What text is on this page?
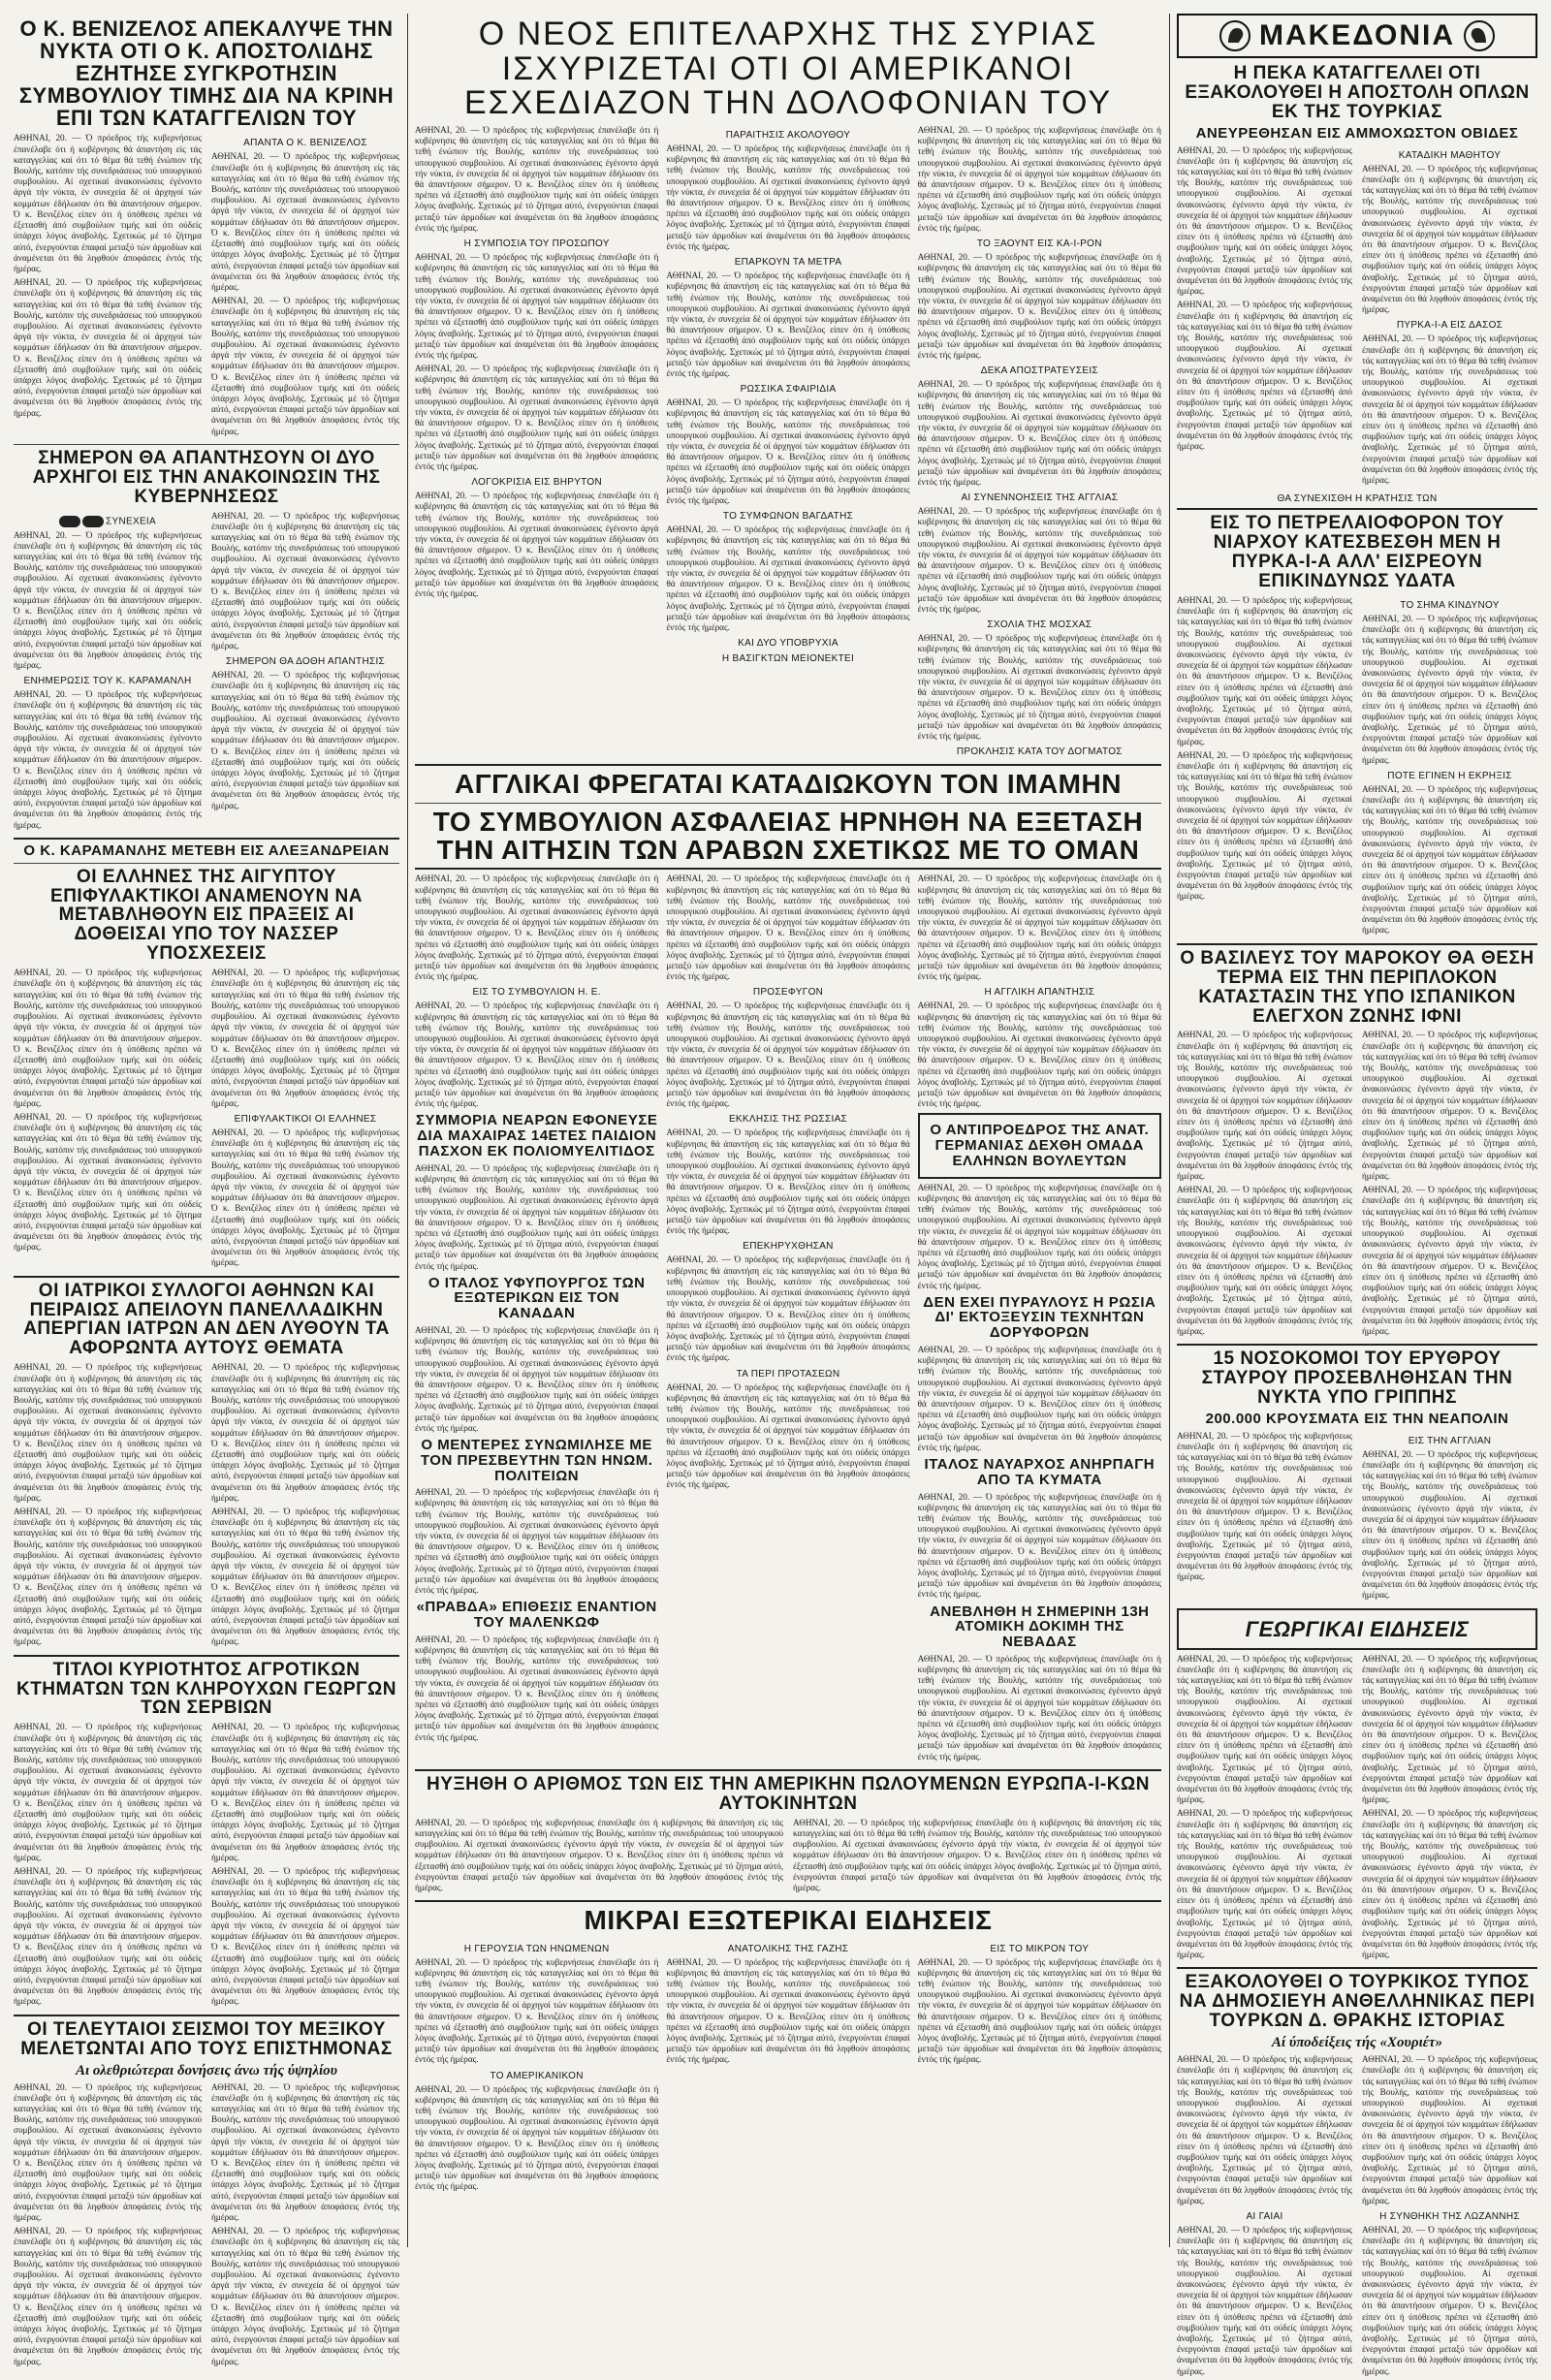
Ο Κ. ΒΕΝΙΖΕΛΟΣ ΑΠΕΚΑΛΥΨΕ ΤΗΝ ΝΥΚΤΑ ΟΤΙ Ο Κ. ΑΠΟΣΤΟΛΙΔΗΣ ΕΖΗΤΗΣΕ ΣΥΓΚΡΟΤΗΣΙΝ ΣΥΜΒΟΥΛΙΟΥ ΤΙΜΗΣ ΔΙΑ ΝΑ ΚΡΙΝΗ ΕΠΙ ΤΩΝ ΚΑΤΑΓΓΕΛΙΩΝ ΤΟΥ

ΑΘΗΝΑΙ, 20. — Ό πρόεδρος τής κυβερνήσεως έπανέλαβε ότι ή κυβέρνησις θά άπαντήση είς τάς καταγγελίας καί ότι τό θέμα θά τεθή ένώπιον τής Βουλής, κατόπιν τής συνεδριάσεως τού υπουργικού συμβουλίου. Αί σχετικαί άνακοινώσεις έγένοντο άργά τήν νύκτα, έν συνεχεία δέ οί άρχηγοί τών κομμάτων έδήλωσαν ότι θά άπαντήσουν σήμερον. Ό κ. Βενιζέλος είπεν ότι ή ύπόθεσις πρέπει νά έξετασθή άπό συμβούλιον τιμής καί ότι ούδείς ύπάρχει λόγος άναβολής. Σχετικώς μέ τό ζήτημα αύτό, ένεργούνται έπαφαί μεταξύ τών άρμοδίων καί άναμένεται ότι θά ληφθούν άποφάσεις έντός τής ήμέρας.

ΑΘΗΝΑΙ, 20. — Ό πρόεδρος τής κυβερνήσεως έπανέλαβε ότι ή κυβέρνησις θά άπαντήση είς τάς καταγγελίας καί ότι τό θέμα θά τεθή ένώπιον τής Βουλής, κατόπιν τής συνεδριάσεως τού υπουργικού συμβουλίου. Αί σχετικαί άνακοινώσεις έγένοντο άργά τήν νύκτα, έν συνεχεία δέ οί άρχηγοί τών κομμάτων έδήλωσαν ότι θά άπαντήσουν σήμερον. Ό κ. Βενιζέλος είπεν ότι ή ύπόθεσις πρέπει νά έξετασθή άπό συμβούλιον τιμής καί ότι ούδείς ύπάρχει λόγος άναβολής. Σχετικώς μέ τό ζήτημα αύτό, ένεργούνται έπαφαί μεταξύ τών άρμοδίων καί άναμένεται ότι θά ληφθούν άποφάσεις έντός τής ήμέρας.

ΑΠΑΝΤΑ Ο Κ. ΒΕΝΙΖΕΛΟΣ

ΑΘΗΝΑΙ, 20. — Ό πρόεδρος τής κυβερνήσεως έπανέλαβε ότι ή κυβέρνησις θά άπαντήση είς τάς καταγγελίας καί ότι τό θέμα θά τεθή ένώπιον τής Βουλής, κατόπιν τής συνεδριάσεως τού υπουργικού συμβουλίου. Αί σχετικαί άνακοινώσεις έγένοντο άργά τήν νύκτα, έν συνεχεία δέ οί άρχηγοί τών κομμάτων έδήλωσαν ότι θά άπαντήσουν σήμερον. Ό κ. Βενιζέλος είπεν ότι ή ύπόθεσις πρέπει νά έξετασθή άπό συμβούλιον τιμής καί ότι ούδείς ύπάρχει λόγος άναβολής. Σχετικώς μέ τό ζήτημα αύτό, ένεργούνται έπαφαί μεταξύ τών άρμοδίων καί άναμένεται ότι θά ληφθούν άποφάσεις έντός τής ήμέρας.

ΑΘΗΝΑΙ, 20. — Ό πρόεδρος τής κυβερνήσεως έπανέλαβε ότι ή κυβέρνησις θά άπαντήση είς τάς καταγγελίας καί ότι τό θέμα θά τεθή ένώπιον τής Βουλής, κατόπιν τής συνεδριάσεως τού υπουργικού συμβουλίου. Αί σχετικαί άνακοινώσεις έγένοντο άργά τήν νύκτα, έν συνεχεία δέ οί άρχηγοί τών κομμάτων έδήλωσαν ότι θά άπαντήσουν σήμερον. Ό κ. Βενιζέλος είπεν ότι ή ύπόθεσις πρέπει νά έξετασθή άπό συμβούλιον τιμής καί ότι ούδείς ύπάρχει λόγος άναβολής. Σχετικώς μέ τό ζήτημα αύτό, ένεργούνται έπαφαί μεταξύ τών άρμοδίων καί άναμένεται ότι θά ληφθούν άποφάσεις έντός τής ήμέρας.

ΣΗΜΕΡΟΝ ΘΑ ΑΠΑΝΤΗΣΟΥΝ ΟΙ ΔΥΟ ΑΡΧΗΓΟΙ ΕΙΣ ΤΗΝ ΑΝΑΚΟΙΝΩΣΙΝ ΤΗΣ ΚΥΒΕΡΝΗΣΕΩΣ
ΣΥΝΕΧΕΙΑ

ΑΘΗΝΑΙ, 20. — Ό πρόεδρος τής κυβερνήσεως έπανέλαβε ότι ή κυβέρνησις θά άπαντήση είς τάς καταγγελίας καί ότι τό θέμα θά τεθή ένώπιον τής Βουλής, κατόπιν τής συνεδριάσεως τού υπουργικού συμβουλίου. Αί σχετικαί άνακοινώσεις έγένοντο άργά τήν νύκτα, έν συνεχεία δέ οί άρχηγοί τών κομμάτων έδήλωσαν ότι θά άπαντήσουν σήμερον. Ό κ. Βενιζέλος είπεν ότι ή ύπόθεσις πρέπει νά έξετασθή άπό συμβούλιον τιμής καί ότι ούδείς ύπάρχει λόγος άναβολής. Σχετικώς μέ τό ζήτημα αύτό, ένεργούνται έπαφαί μεταξύ τών άρμοδίων καί άναμένεται ότι θά ληφθούν άποφάσεις έντός τής ήμέρας.

ΕΝΗΜΕΡΩΣΙΣ ΤΟΥ Κ. ΚΑΡΑΜΑΝΛΗ

ΑΘΗΝΑΙ, 20. — Ό πρόεδρος τής κυβερνήσεως έπανέλαβε ότι ή κυβέρνησις θά άπαντήση είς τάς καταγγελίας καί ότι τό θέμα θά τεθή ένώπιον τής Βουλής, κατόπιν τής συνεδριάσεως τού υπουργικού συμβουλίου. Αί σχετικαί άνακοινώσεις έγένοντο άργά τήν νύκτα, έν συνεχεία δέ οί άρχηγοί τών κομμάτων έδήλωσαν ότι θά άπαντήσουν σήμερον. Ό κ. Βενιζέλος είπεν ότι ή ύπόθεσις πρέπει νά έξετασθή άπό συμβούλιον τιμής καί ότι ούδείς ύπάρχει λόγος άναβολής. Σχετικώς μέ τό ζήτημα αύτό, ένεργούνται έπαφαί μεταξύ τών άρμοδίων καί άναμένεται ότι θά ληφθούν άποφάσεις έντός τής ήμέρας.

ΑΘΗΝΑΙ, 20. — Ό πρόεδρος τής κυβερνήσεως έπανέλαβε ότι ή κυβέρνησις θά άπαντήση είς τάς καταγγελίας καί ότι τό θέμα θά τεθή ένώπιον τής Βουλής, κατόπιν τής συνεδριάσεως τού υπουργικού συμβουλίου. Αί σχετικαί άνακοινώσεις έγένοντο άργά τήν νύκτα, έν συνεχεία δέ οί άρχηγοί τών κομμάτων έδήλωσαν ότι θά άπαντήσουν σήμερον. Ό κ. Βενιζέλος είπεν ότι ή ύπόθεσις πρέπει νά έξετασθή άπό συμβούλιον τιμής καί ότι ούδείς ύπάρχει λόγος άναβολής. Σχετικώς μέ τό ζήτημα αύτό, ένεργούνται έπαφαί μεταξύ τών άρμοδίων καί άναμένεται ότι θά ληφθούν άποφάσεις έντός τής ήμέρας.

ΣΗΜΕΡΟΝ ΘΑ ΔΟΘΗ ΑΠΑΝΤΗΣΙΣ

ΑΘΗΝΑΙ, 20. — Ό πρόεδρος τής κυβερνήσεως έπανέλαβε ότι ή κυβέρνησις θά άπαντήση είς τάς καταγγελίας καί ότι τό θέμα θά τεθή ένώπιον τής Βουλής, κατόπιν τής συνεδριάσεως τού υπουργικού συμβουλίου. Αί σχετικαί άνακοινώσεις έγένοντο άργά τήν νύκτα, έν συνεχεία δέ οί άρχηγοί τών κομμάτων έδήλωσαν ότι θά άπαντήσουν σήμερον. Ό κ. Βενιζέλος είπεν ότι ή ύπόθεσις πρέπει νά έξετασθή άπό συμβούλιον τιμής καί ότι ούδείς ύπάρχει λόγος άναβολής. Σχετικώς μέ τό ζήτημα αύτό, ένεργούνται έπαφαί μεταξύ τών άρμοδίων καί άναμένεται ότι θά ληφθούν άποφάσεις έντός τής ήμέρας.

Ο Κ. ΚΑΡΑΜΑΝΛΗΣ ΜΕΤΕΒΗ ΕΙΣ ΑΛΕΞΑΝΔΡΕΙΑΝ
ΟΙ ΕΛΛΗΝΕΣ ΤΗΣ ΑΙΓΥΠΤΟΥ ΕΠΙΦΥΛΑΚΤΙΚΟΙ ΑΝΑΜΕΝΟΥΝ ΝΑ ΜΕΤΑΒΛΗΘΟΥΝ ΕΙΣ ΠΡΑΞΕΙΣ ΑΙ ΔΟΘΕΙΣΑΙ ΥΠΟ ΤΟΥ ΝΑΣΣΕΡ ΥΠΟΣΧΕΣΕΙΣ

ΑΘΗΝΑΙ, 20. — Ό πρόεδρος τής κυβερνήσεως έπανέλαβε ότι ή κυβέρνησις θά άπαντήση είς τάς καταγγελίας καί ότι τό θέμα θά τεθή ένώπιον τής Βουλής, κατόπιν τής συνεδριάσεως τού υπουργικού συμβουλίου. Αί σχετικαί άνακοινώσεις έγένοντο άργά τήν νύκτα, έν συνεχεία δέ οί άρχηγοί τών κομμάτων έδήλωσαν ότι θά άπαντήσουν σήμερον. Ό κ. Βενιζέλος είπεν ότι ή ύπόθεσις πρέπει νά έξετασθή άπό συμβούλιον τιμής καί ότι ούδείς ύπάρχει λόγος άναβολής. Σχετικώς μέ τό ζήτημα αύτό, ένεργούνται έπαφαί μεταξύ τών άρμοδίων καί άναμένεται ότι θά ληφθούν άποφάσεις έντός τής ήμέρας.

ΑΘΗΝΑΙ, 20. — Ό πρόεδρος τής κυβερνήσεως έπανέλαβε ότι ή κυβέρνησις θά άπαντήση είς τάς καταγγελίας καί ότι τό θέμα θά τεθή ένώπιον τής Βουλής, κατόπιν τής συνεδριάσεως τού υπουργικού συμβουλίου. Αί σχετικαί άνακοινώσεις έγένοντο άργά τήν νύκτα, έν συνεχεία δέ οί άρχηγοί τών κομμάτων έδήλωσαν ότι θά άπαντήσουν σήμερον. Ό κ. Βενιζέλος είπεν ότι ή ύπόθεσις πρέπει νά έξετασθή άπό συμβούλιον τιμής καί ότι ούδείς ύπάρχει λόγος άναβολής. Σχετικώς μέ τό ζήτημα αύτό, ένεργούνται έπαφαί μεταξύ τών άρμοδίων καί άναμένεται ότι θά ληφθούν άποφάσεις έντός τής ήμέρας.

ΑΘΗΝΑΙ, 20. — Ό πρόεδρος τής κυβερνήσεως έπανέλαβε ότι ή κυβέρνησις θά άπαντήση είς τάς καταγγελίας καί ότι τό θέμα θά τεθή ένώπιον τής Βουλής, κατόπιν τής συνεδριάσεως τού υπουργικού συμβουλίου. Αί σχετικαί άνακοινώσεις έγένοντο άργά τήν νύκτα, έν συνεχεία δέ οί άρχηγοί τών κομμάτων έδήλωσαν ότι θά άπαντήσουν σήμερον. Ό κ. Βενιζέλος είπεν ότι ή ύπόθεσις πρέπει νά έξετασθή άπό συμβούλιον τιμής καί ότι ούδείς ύπάρχει λόγος άναβολής. Σχετικώς μέ τό ζήτημα αύτό, ένεργούνται έπαφαί μεταξύ τών άρμοδίων καί άναμένεται ότι θά ληφθούν άποφάσεις έντός τής ήμέρας.

ΕΠΙΦΥΛΑΚΤΙΚΟΙ ΟΙ ΕΛΛΗΝΕΣ

ΑΘΗΝΑΙ, 20. — Ό πρόεδρος τής κυβερνήσεως έπανέλαβε ότι ή κυβέρνησις θά άπαντήση είς τάς καταγγελίας καί ότι τό θέμα θά τεθή ένώπιον τής Βουλής, κατόπιν τής συνεδριάσεως τού υπουργικού συμβουλίου. Αί σχετικαί άνακοινώσεις έγένοντο άργά τήν νύκτα, έν συνεχεία δέ οί άρχηγοί τών κομμάτων έδήλωσαν ότι θά άπαντήσουν σήμερον. Ό κ. Βενιζέλος είπεν ότι ή ύπόθεσις πρέπει νά έξετασθή άπό συμβούλιον τιμής καί ότι ούδείς ύπάρχει λόγος άναβολής. Σχετικώς μέ τό ζήτημα αύτό, ένεργούνται έπαφαί μεταξύ τών άρμοδίων καί άναμένεται ότι θά ληφθούν άποφάσεις έντός τής ήμέρας.

ΟΙ ΙΑΤΡΙΚΟΙ ΣΥΛΛΟΓΟΙ ΑΘΗΝΩΝ ΚΑΙ ΠΕΙΡΑΙΩΣ ΑΠΕΙΛΟΥΝ ΠΑΝΕΛΛΑΔΙΚΗΝ ΑΠΕΡΓΙΑΝ ΙΑΤΡΩΝ ΑΝ ΔΕΝ ΛΥΘΟΥΝ ΤΑ ΑΦΟΡΩΝΤΑ ΑΥΤΟΥΣ ΘΕΜΑΤΑ

ΑΘΗΝΑΙ, 20. — Ό πρόεδρος τής κυβερνήσεως έπανέλαβε ότι ή κυβέρνησις θά άπαντήση είς τάς καταγγελίας καί ότι τό θέμα θά τεθή ένώπιον τής Βουλής, κατόπιν τής συνεδριάσεως τού υπουργικού συμβουλίου. Αί σχετικαί άνακοινώσεις έγένοντο άργά τήν νύκτα, έν συνεχεία δέ οί άρχηγοί τών κομμάτων έδήλωσαν ότι θά άπαντήσουν σήμερον. Ό κ. Βενιζέλος είπεν ότι ή ύπόθεσις πρέπει νά έξετασθή άπό συμβούλιον τιμής καί ότι ούδείς ύπάρχει λόγος άναβολής. Σχετικώς μέ τό ζήτημα αύτό, ένεργούνται έπαφαί μεταξύ τών άρμοδίων καί άναμένεται ότι θά ληφθούν άποφάσεις έντός τής ήμέρας.

ΑΘΗΝΑΙ, 20. — Ό πρόεδρος τής κυβερνήσεως έπανέλαβε ότι ή κυβέρνησις θά άπαντήση είς τάς καταγγελίας καί ότι τό θέμα θά τεθή ένώπιον τής Βουλής, κατόπιν τής συνεδριάσεως τού υπουργικού συμβουλίου. Αί σχετικαί άνακοινώσεις έγένοντο άργά τήν νύκτα, έν συνεχεία δέ οί άρχηγοί τών κομμάτων έδήλωσαν ότι θά άπαντήσουν σήμερον. Ό κ. Βενιζέλος είπεν ότι ή ύπόθεσις πρέπει νά έξετασθή άπό συμβούλιον τιμής καί ότι ούδείς ύπάρχει λόγος άναβολής. Σχετικώς μέ τό ζήτημα αύτό, ένεργούνται έπαφαί μεταξύ τών άρμοδίων καί άναμένεται ότι θά ληφθούν άποφάσεις έντός τής ήμέρας.

ΑΘΗΝΑΙ, 20. — Ό πρόεδρος τής κυβερνήσεως έπανέλαβε ότι ή κυβέρνησις θά άπαντήση είς τάς καταγγελίας καί ότι τό θέμα θά τεθή ένώπιον τής Βουλής, κατόπιν τής συνεδριάσεως τού υπουργικού συμβουλίου. Αί σχετικαί άνακοινώσεις έγένοντο άργά τήν νύκτα, έν συνεχεία δέ οί άρχηγοί τών κομμάτων έδήλωσαν ότι θά άπαντήσουν σήμερον. Ό κ. Βενιζέλος είπεν ότι ή ύπόθεσις πρέπει νά έξετασθή άπό συμβούλιον τιμής καί ότι ούδείς ύπάρχει λόγος άναβολής. Σχετικώς μέ τό ζήτημα αύτό, ένεργούνται έπαφαί μεταξύ τών άρμοδίων καί άναμένεται ότι θά ληφθούν άποφάσεις έντός τής ήμέρας.

ΑΘΗΝΑΙ, 20. — Ό πρόεδρος τής κυβερνήσεως έπανέλαβε ότι ή κυβέρνησις θά άπαντήση είς τάς καταγγελίας καί ότι τό θέμα θά τεθή ένώπιον τής Βουλής, κατόπιν τής συνεδριάσεως τού υπουργικού συμβουλίου. Αί σχετικαί άνακοινώσεις έγένοντο άργά τήν νύκτα, έν συνεχεία δέ οί άρχηγοί τών κομμάτων έδήλωσαν ότι θά άπαντήσουν σήμερον. Ό κ. Βενιζέλος είπεν ότι ή ύπόθεσις πρέπει νά έξετασθή άπό συμβούλιον τιμής καί ότι ούδείς ύπάρχει λόγος άναβολής. Σχετικώς μέ τό ζήτημα αύτό, ένεργούνται έπαφαί μεταξύ τών άρμοδίων καί άναμένεται ότι θά ληφθούν άποφάσεις έντός τής ήμέρας.

ΤΙΤΛΟΙ ΚΥΡΙΟΤΗΤΟΣ ΑΓΡΟΤΙΚΩΝ ΚΤΗΜΑΤΩΝ ΤΩΝ ΚΛΗΡΟΥΧΩΝ ΓΕΩΡΓΩΝ ΤΩΝ ΣΕΡΒΙΩΝ

ΑΘΗΝΑΙ, 20. — Ό πρόεδρος τής κυβερνήσεως έπανέλαβε ότι ή κυβέρνησις θά άπαντήση είς τάς καταγγελίας καί ότι τό θέμα θά τεθή ένώπιον τής Βουλής, κατόπιν τής συνεδριάσεως τού υπουργικού συμβουλίου. Αί σχετικαί άνακοινώσεις έγένοντο άργά τήν νύκτα, έν συνεχεία δέ οί άρχηγοί τών κομμάτων έδήλωσαν ότι θά άπαντήσουν σήμερον. Ό κ. Βενιζέλος είπεν ότι ή ύπόθεσις πρέπει νά έξετασθή άπό συμβούλιον τιμής καί ότι ούδείς ύπάρχει λόγος άναβολής. Σχετικώς μέ τό ζήτημα αύτό, ένεργούνται έπαφαί μεταξύ τών άρμοδίων καί άναμένεται ότι θά ληφθούν άποφάσεις έντός τής ήμέρας.

ΑΘΗΝΑΙ, 20. — Ό πρόεδρος τής κυβερνήσεως έπανέλαβε ότι ή κυβέρνησις θά άπαντήση είς τάς καταγγελίας καί ότι τό θέμα θά τεθή ένώπιον τής Βουλής, κατόπιν τής συνεδριάσεως τού υπουργικού συμβουλίου. Αί σχετικαί άνακοινώσεις έγένοντο άργά τήν νύκτα, έν συνεχεία δέ οί άρχηγοί τών κομμάτων έδήλωσαν ότι θά άπαντήσουν σήμερον. Ό κ. Βενιζέλος είπεν ότι ή ύπόθεσις πρέπει νά έξετασθή άπό συμβούλιον τιμής καί ότι ούδείς ύπάρχει λόγος άναβολής. Σχετικώς μέ τό ζήτημα αύτό, ένεργούνται έπαφαί μεταξύ τών άρμοδίων καί άναμένεται ότι θά ληφθούν άποφάσεις έντός τής ήμέρας.

ΑΘΗΝΑΙ, 20. — Ό πρόεδρος τής κυβερνήσεως έπανέλαβε ότι ή κυβέρνησις θά άπαντήση είς τάς καταγγελίας καί ότι τό θέμα θά τεθή ένώπιον τής Βουλής, κατόπιν τής συνεδριάσεως τού υπουργικού συμβουλίου. Αί σχετικαί άνακοινώσεις έγένοντο άργά τήν νύκτα, έν συνεχεία δέ οί άρχηγοί τών κομμάτων έδήλωσαν ότι θά άπαντήσουν σήμερον. Ό κ. Βενιζέλος είπεν ότι ή ύπόθεσις πρέπει νά έξετασθή άπό συμβούλιον τιμής καί ότι ούδείς ύπάρχει λόγος άναβολής. Σχετικώς μέ τό ζήτημα αύτό, ένεργούνται έπαφαί μεταξύ τών άρμοδίων καί άναμένεται ότι θά ληφθούν άποφάσεις έντός τής ήμέρας.

ΑΘΗΝΑΙ, 20. — Ό πρόεδρος τής κυβερνήσεως έπανέλαβε ότι ή κυβέρνησις θά άπαντήση είς τάς καταγγελίας καί ότι τό θέμα θά τεθή ένώπιον τής Βουλής, κατόπιν τής συνεδριάσεως τού υπουργικού συμβουλίου. Αί σχετικαί άνακοινώσεις έγένοντο άργά τήν νύκτα, έν συνεχεία δέ οί άρχηγοί τών κομμάτων έδήλωσαν ότι θά άπαντήσουν σήμερον. Ό κ. Βενιζέλος είπεν ότι ή ύπόθεσις πρέπει νά έξετασθή άπό συμβούλιον τιμής καί ότι ούδείς ύπάρχει λόγος άναβολής. Σχετικώς μέ τό ζήτημα αύτό, ένεργούνται έπαφαί μεταξύ τών άρμοδίων καί άναμένεται ότι θά ληφθούν άποφάσεις έντός τής ήμέρας.

ΟΙ ΤΕΛΕΥΤΑΙΟΙ ΣΕΙΣΜΟΙ ΤΟΥ ΜΕΞΙΚΟΥ ΜΕΛΕΤΩΝΤΑΙ ΑΠΟ ΤΟΥΣ ΕΠΙΣΤΗΜΟΝΑΣ
Αι ολεθριώτεραι δονήσεις άνω τής ύψηλίου

ΑΘΗΝΑΙ, 20. — Ό πρόεδρος τής κυβερνήσεως έπανέλαβε ότι ή κυβέρνησις θά άπαντήση είς τάς καταγγελίας καί ότι τό θέμα θά τεθή ένώπιον τής Βουλής, κατόπιν τής συνεδριάσεως τού υπουργικού συμβουλίου. Αί σχετικαί άνακοινώσεις έγένοντο άργά τήν νύκτα, έν συνεχεία δέ οί άρχηγοί τών κομμάτων έδήλωσαν ότι θά άπαντήσουν σήμερον. Ό κ. Βενιζέλος είπεν ότι ή ύπόθεσις πρέπει νά έξετασθή άπό συμβούλιον τιμής καί ότι ούδείς ύπάρχει λόγος άναβολής. Σχετικώς μέ τό ζήτημα αύτό, ένεργούνται έπαφαί μεταξύ τών άρμοδίων καί άναμένεται ότι θά ληφθούν άποφάσεις έντός τής ήμέρας.

ΑΘΗΝΑΙ, 20. — Ό πρόεδρος τής κυβερνήσεως έπανέλαβε ότι ή κυβέρνησις θά άπαντήση είς τάς καταγγελίας καί ότι τό θέμα θά τεθή ένώπιον τής Βουλής, κατόπιν τής συνεδριάσεως τού υπουργικού συμβουλίου. Αί σχετικαί άνακοινώσεις έγένοντο άργά τήν νύκτα, έν συνεχεία δέ οί άρχηγοί τών κομμάτων έδήλωσαν ότι θά άπαντήσουν σήμερον. Ό κ. Βενιζέλος είπεν ότι ή ύπόθεσις πρέπει νά έξετασθή άπό συμβούλιον τιμής καί ότι ούδείς ύπάρχει λόγος άναβολής. Σχετικώς μέ τό ζήτημα αύτό, ένεργούνται έπαφαί μεταξύ τών άρμοδίων καί άναμένεται ότι θά ληφθούν άποφάσεις έντός τής ήμέρας.

ΑΘΗΝΑΙ, 20. — Ό πρόεδρος τής κυβερνήσεως έπανέλαβε ότι ή κυβέρνησις θά άπαντήση είς τάς καταγγελίας καί ότι τό θέμα θά τεθή ένώπιον τής Βουλής, κατόπιν τής συνεδριάσεως τού υπουργικού συμβουλίου. Αί σχετικαί άνακοινώσεις έγένοντο άργά τήν νύκτα, έν συνεχεία δέ οί άρχηγοί τών κομμάτων έδήλωσαν ότι θά άπαντήσουν σήμερον. Ό κ. Βενιζέλος είπεν ότι ή ύπόθεσις πρέπει νά έξετασθή άπό συμβούλιον τιμής καί ότι ούδείς ύπάρχει λόγος άναβολής. Σχετικώς μέ τό ζήτημα αύτό, ένεργούνται έπαφαί μεταξύ τών άρμοδίων καί άναμένεται ότι θά ληφθούν άποφάσεις έντός τής ήμέρας.

ΑΘΗΝΑΙ, 20. — Ό πρόεδρος τής κυβερνήσεως έπανέλαβε ότι ή κυβέρνησις θά άπαντήση είς τάς καταγγελίας καί ότι τό θέμα θά τεθή ένώπιον τής Βουλής, κατόπιν τής συνεδριάσεως τού υπουργικού συμβουλίου. Αί σχετικαί άνακοινώσεις έγένοντο άργά τήν νύκτα, έν συνεχεία δέ οί άρχηγοί τών κομμάτων έδήλωσαν ότι θά άπαντήσουν σήμερον. Ό κ. Βενιζέλος είπεν ότι ή ύπόθεσις πρέπει νά έξετασθή άπό συμβούλιον τιμής καί ότι ούδείς ύπάρχει λόγος άναβολής. Σχετικώς μέ τό ζήτημα αύτό, ένεργούνται έπαφαί μεταξύ τών άρμοδίων καί άναμένεται ότι θά ληφθούν άποφάσεις έντός τής ήμέρας.

Ο ΝΕΟΣ ΕΠΙΤΕΛΑΡΧΗΣ ΤΗΣ ΣΥΡΙΑΣ ΙΣΧΥΡΙΖΕΤΑΙ ΟΤΙ ΟΙ ΑΜΕΡΙΚΑΝΟΙ ΕΣΧΕΔΙΑΖΟΝ ΤΗΝ ΔΟΛΟΦΟΝΙΑΝ ΤΟΥ

ΑΘΗΝΑΙ, 20. — Ό πρόεδρος τής κυβερνήσεως έπανέλαβε ότι ή κυβέρνησις θά άπαντήση είς τάς καταγγελίας καί ότι τό θέμα θά τεθή ένώπιον τής Βουλής, κατόπιν τής συνεδριάσεως τού υπουργικού συμβουλίου. Αί σχετικαί άνακοινώσεις έγένοντο άργά τήν νύκτα, έν συνεχεία δέ οί άρχηγοί τών κομμάτων έδήλωσαν ότι θά άπαντήσουν σήμερον. Ό κ. Βενιζέλος είπεν ότι ή ύπόθεσις πρέπει νά έξετασθή άπό συμβούλιον τιμής καί ότι ούδείς ύπάρχει λόγος άναβολής. Σχετικώς μέ τό ζήτημα αύτό, ένεργούνται έπαφαί μεταξύ τών άρμοδίων καί άναμένεται ότι θά ληφθούν άποφάσεις έντός τής ήμέρας.

Η ΣΥΜΠΟΣΙΑ ΤΟΥ ΠΡΟΣΩΠΟΥ

ΑΘΗΝΑΙ, 20. — Ό πρόεδρος τής κυβερνήσεως έπανέλαβε ότι ή κυβέρνησις θά άπαντήση είς τάς καταγγελίας καί ότι τό θέμα θά τεθή ένώπιον τής Βουλής, κατόπιν τής συνεδριάσεως τού υπουργικού συμβουλίου. Αί σχετικαί άνακοινώσεις έγένοντο άργά τήν νύκτα, έν συνεχεία δέ οί άρχηγοί τών κομμάτων έδήλωσαν ότι θά άπαντήσουν σήμερον. Ό κ. Βενιζέλος είπεν ότι ή ύπόθεσις πρέπει νά έξετασθή άπό συμβούλιον τιμής καί ότι ούδείς ύπάρχει λόγος άναβολής. Σχετικώς μέ τό ζήτημα αύτό, ένεργούνται έπαφαί μεταξύ τών άρμοδίων καί άναμένεται ότι θά ληφθούν άποφάσεις έντός τής ήμέρας.

ΑΘΗΝΑΙ, 20. — Ό πρόεδρος τής κυβερνήσεως έπανέλαβε ότι ή κυβέρνησις θά άπαντήση είς τάς καταγγελίας καί ότι τό θέμα θά τεθή ένώπιον τής Βουλής, κατόπιν τής συνεδριάσεως τού υπουργικού συμβουλίου. Αί σχετικαί άνακοινώσεις έγένοντο άργά τήν νύκτα, έν συνεχεία δέ οί άρχηγοί τών κομμάτων έδήλωσαν ότι θά άπαντήσουν σήμερον. Ό κ. Βενιζέλος είπεν ότι ή ύπόθεσις πρέπει νά έξετασθή άπό συμβούλιον τιμής καί ότι ούδείς ύπάρχει λόγος άναβολής. Σχετικώς μέ τό ζήτημα αύτό, ένεργούνται έπαφαί μεταξύ τών άρμοδίων καί άναμένεται ότι θά ληφθούν άποφάσεις έντός τής ήμέρας.

ΛΟΓΟΚΡΙΣΙΑ ΕΙΣ ΒΗΡΥΤΟΝ

ΑΘΗΝΑΙ, 20. — Ό πρόεδρος τής κυβερνήσεως έπανέλαβε ότι ή κυβέρνησις θά άπαντήση είς τάς καταγγελίας καί ότι τό θέμα θά τεθή ένώπιον τής Βουλής, κατόπιν τής συνεδριάσεως τού υπουργικού συμβουλίου. Αί σχετικαί άνακοινώσεις έγένοντο άργά τήν νύκτα, έν συνεχεία δέ οί άρχηγοί τών κομμάτων έδήλωσαν ότι θά άπαντήσουν σήμερον. Ό κ. Βενιζέλος είπεν ότι ή ύπόθεσις πρέπει νά έξετασθή άπό συμβούλιον τιμής καί ότι ούδείς ύπάρχει λόγος άναβολής. Σχετικώς μέ τό ζήτημα αύτό, ένεργούνται έπαφαί μεταξύ τών άρμοδίων καί άναμένεται ότι θά ληφθούν άποφάσεις έντός τής ήμέρας.

ΠΑΡΑΙΤΗΣΙΣ ΑΚΟΛΟΥΘΟΥ

ΑΘΗΝΑΙ, 20. — Ό πρόεδρος τής κυβερνήσεως έπανέλαβε ότι ή κυβέρνησις θά άπαντήση είς τάς καταγγελίας καί ότι τό θέμα θά τεθή ένώπιον τής Βουλής, κατόπιν τής συνεδριάσεως τού υπουργικού συμβουλίου. Αί σχετικαί άνακοινώσεις έγένοντο άργά τήν νύκτα, έν συνεχεία δέ οί άρχηγοί τών κομμάτων έδήλωσαν ότι θά άπαντήσουν σήμερον. Ό κ. Βενιζέλος είπεν ότι ή ύπόθεσις πρέπει νά έξετασθή άπό συμβούλιον τιμής καί ότι ούδείς ύπάρχει λόγος άναβολής. Σχετικώς μέ τό ζήτημα αύτό, ένεργούνται έπαφαί μεταξύ τών άρμοδίων καί άναμένεται ότι θά ληφθούν άποφάσεις έντός τής ήμέρας.

ΕΠΑΡΚΟΥΝ ΤΑ ΜΕΤΡΑ

ΑΘΗΝΑΙ, 20. — Ό πρόεδρος τής κυβερνήσεως έπανέλαβε ότι ή κυβέρνησις θά άπαντήση είς τάς καταγγελίας καί ότι τό θέμα θά τεθή ένώπιον τής Βουλής, κατόπιν τής συνεδριάσεως τού υπουργικού συμβουλίου. Αί σχετικαί άνακοινώσεις έγένοντο άργά τήν νύκτα, έν συνεχεία δέ οί άρχηγοί τών κομμάτων έδήλωσαν ότι θά άπαντήσουν σήμερον. Ό κ. Βενιζέλος είπεν ότι ή ύπόθεσις πρέπει νά έξετασθή άπό συμβούλιον τιμής καί ότι ούδείς ύπάρχει λόγος άναβολής. Σχετικώς μέ τό ζήτημα αύτό, ένεργούνται έπαφαί μεταξύ τών άρμοδίων καί άναμένεται ότι θά ληφθούν άποφάσεις έντός τής ήμέρας.

ΡΩΣΣΙΚΑ ΣΦΑΙΡΙΔΙΑ

ΑΘΗΝΑΙ, 20. — Ό πρόεδρος τής κυβερνήσεως έπανέλαβε ότι ή κυβέρνησις θά άπαντήση είς τάς καταγγελίας καί ότι τό θέμα θά τεθή ένώπιον τής Βουλής, κατόπιν τής συνεδριάσεως τού υπουργικού συμβουλίου. Αί σχετικαί άνακοινώσεις έγένοντο άργά τήν νύκτα, έν συνεχεία δέ οί άρχηγοί τών κομμάτων έδήλωσαν ότι θά άπαντήσουν σήμερον. Ό κ. Βενιζέλος είπεν ότι ή ύπόθεσις πρέπει νά έξετασθή άπό συμβούλιον τιμής καί ότι ούδείς ύπάρχει λόγος άναβολής. Σχετικώς μέ τό ζήτημα αύτό, ένεργούνται έπαφαί μεταξύ τών άρμοδίων καί άναμένεται ότι θά ληφθούν άποφάσεις έντός τής ήμέρας.

ΤΟ ΣΥΜΦΩΝΟΝ ΒΑΓΔΑΤΗΣ

ΑΘΗΝΑΙ, 20. — Ό πρόεδρος τής κυβερνήσεως έπανέλαβε ότι ή κυβέρνησις θά άπαντήση είς τάς καταγγελίας καί ότι τό θέμα θά τεθή ένώπιον τής Βουλής, κατόπιν τής συνεδριάσεως τού υπουργικού συμβουλίου. Αί σχετικαί άνακοινώσεις έγένοντο άργά τήν νύκτα, έν συνεχεία δέ οί άρχηγοί τών κομμάτων έδήλωσαν ότι θά άπαντήσουν σήμερον. Ό κ. Βενιζέλος είπεν ότι ή ύπόθεσις πρέπει νά έξετασθή άπό συμβούλιον τιμής καί ότι ούδείς ύπάρχει λόγος άναβολής. Σχετικώς μέ τό ζήτημα αύτό, ένεργούνται έπαφαί μεταξύ τών άρμοδίων καί άναμένεται ότι θά ληφθούν άποφάσεις έντός τής ήμέρας.

ΚΑΙ ΔΥΟ ΥΠΟΒΡΥΧΙΑ
Η ΒΑΣΙΓΚΤΩΝ ΜΕΙΟΝΕΚΤΕΙ

ΑΘΗΝΑΙ, 20. — Ό πρόεδρος τής κυβερνήσεως έπανέλαβε ότι ή κυβέρνησις θά άπαντήση είς τάς καταγγελίας καί ότι τό θέμα θά τεθή ένώπιον τής Βουλής, κατόπιν τής συνεδριάσεως τού υπουργικού συμβουλίου. Αί σχετικαί άνακοινώσεις έγένοντο άργά τήν νύκτα, έν συνεχεία δέ οί άρχηγοί τών κομμάτων έδήλωσαν ότι θά άπαντήσουν σήμερον. Ό κ. Βενιζέλος είπεν ότι ή ύπόθεσις πρέπει νά έξετασθή άπό συμβούλιον τιμής καί ότι ούδείς ύπάρχει λόγος άναβολής. Σχετικώς μέ τό ζήτημα αύτό, ένεργούνται έπαφαί μεταξύ τών άρμοδίων καί άναμένεται ότι θά ληφθούν άποφάσεις έντός τής ήμέρας.

ΤΟ ΞΑΟΥΝΤ ΕΙΣ ΚΑ-Ι-ΡΟΝ

ΑΘΗΝΑΙ, 20. — Ό πρόεδρος τής κυβερνήσεως έπανέλαβε ότι ή κυβέρνησις θά άπαντήση είς τάς καταγγελίας καί ότι τό θέμα θά τεθή ένώπιον τής Βουλής, κατόπιν τής συνεδριάσεως τού υπουργικού συμβουλίου. Αί σχετικαί άνακοινώσεις έγένοντο άργά τήν νύκτα, έν συνεχεία δέ οί άρχηγοί τών κομμάτων έδήλωσαν ότι θά άπαντήσουν σήμερον. Ό κ. Βενιζέλος είπεν ότι ή ύπόθεσις πρέπει νά έξετασθή άπό συμβούλιον τιμής καί ότι ούδείς ύπάρχει λόγος άναβολής. Σχετικώς μέ τό ζήτημα αύτό, ένεργούνται έπαφαί μεταξύ τών άρμοδίων καί άναμένεται ότι θά ληφθούν άποφάσεις έντός τής ήμέρας.

ΔΕΚΑ ΑΠΟΣΤΡΑΤΕΥΣΕΙΣ

ΑΘΗΝΑΙ, 20. — Ό πρόεδρος τής κυβερνήσεως έπανέλαβε ότι ή κυβέρνησις θά άπαντήση είς τάς καταγγελίας καί ότι τό θέμα θά τεθή ένώπιον τής Βουλής, κατόπιν τής συνεδριάσεως τού υπουργικού συμβουλίου. Αί σχετικαί άνακοινώσεις έγένοντο άργά τήν νύκτα, έν συνεχεία δέ οί άρχηγοί τών κομμάτων έδήλωσαν ότι θά άπαντήσουν σήμερον. Ό κ. Βενιζέλος είπεν ότι ή ύπόθεσις πρέπει νά έξετασθή άπό συμβούλιον τιμής καί ότι ούδείς ύπάρχει λόγος άναβολής. Σχετικώς μέ τό ζήτημα αύτό, ένεργούνται έπαφαί μεταξύ τών άρμοδίων καί άναμένεται ότι θά ληφθούν άποφάσεις έντός τής ήμέρας.

ΑΙ ΣΥΝΕΝΝΟΗΣΕΙΣ ΤΗΣ ΑΓΓΛΙΑΣ

ΑΘΗΝΑΙ, 20. — Ό πρόεδρος τής κυβερνήσεως έπανέλαβε ότι ή κυβέρνησις θά άπαντήση είς τάς καταγγελίας καί ότι τό θέμα θά τεθή ένώπιον τής Βουλής, κατόπιν τής συνεδριάσεως τού υπουργικού συμβουλίου. Αί σχετικαί άνακοινώσεις έγένοντο άργά τήν νύκτα, έν συνεχεία δέ οί άρχηγοί τών κομμάτων έδήλωσαν ότι θά άπαντήσουν σήμερον. Ό κ. Βενιζέλος είπεν ότι ή ύπόθεσις πρέπει νά έξετασθή άπό συμβούλιον τιμής καί ότι ούδείς ύπάρχει λόγος άναβολής. Σχετικώς μέ τό ζήτημα αύτό, ένεργούνται έπαφαί μεταξύ τών άρμοδίων καί άναμένεται ότι θά ληφθούν άποφάσεις έντός τής ήμέρας.

ΣΧΟΛΙΑ ΤΗΣ ΜΟΣΧΑΣ

ΑΘΗΝΑΙ, 20. — Ό πρόεδρος τής κυβερνήσεως έπανέλαβε ότι ή κυβέρνησις θά άπαντήση είς τάς καταγγελίας καί ότι τό θέμα θά τεθή ένώπιον τής Βουλής, κατόπιν τής συνεδριάσεως τού υπουργικού συμβουλίου. Αί σχετικαί άνακοινώσεις έγένοντο άργά τήν νύκτα, έν συνεχεία δέ οί άρχηγοί τών κομμάτων έδήλωσαν ότι θά άπαντήσουν σήμερον. Ό κ. Βενιζέλος είπεν ότι ή ύπόθεσις πρέπει νά έξετασθή άπό συμβούλιον τιμής καί ότι ούδείς ύπάρχει λόγος άναβολής. Σχετικώς μέ τό ζήτημα αύτό, ένεργούνται έπαφαί μεταξύ τών άρμοδίων καί άναμένεται ότι θά ληφθούν άποφάσεις έντός τής ήμέρας.

ΠΡΟΚΛΗΣΙΣ ΚΑΤΑ ΤΟΥ ΔΟΓΜΑΤΟΣ
ΑΓΓΛΙΚΑΙ ΦΡΕΓΑΤΑΙ ΚΑΤΑΔΙΩΚΟΥΝ ΤΟΝ ΙΜΑΜΗΝ
ΤΟ ΣΥΜΒΟΥΛΙΟΝ ΑΣΦΑΛΕΙΑΣ ΗΡΝΗΘΗ ΝΑ ΕΞΕΤΑΣΗ ΤΗΝ ΑΙΤΗΣΙΝ ΤΩΝ ΑΡΑΒΩΝ ΣΧΕΤΙΚΩΣ ΜΕ ΤΟ ΟΜΑΝ

ΑΘΗΝΑΙ, 20. — Ό πρόεδρος τής κυβερνήσεως έπανέλαβε ότι ή κυβέρνησις θά άπαντήση είς τάς καταγγελίας καί ότι τό θέμα θά τεθή ένώπιον τής Βουλής, κατόπιν τής συνεδριάσεως τού υπουργικού συμβουλίου. Αί σχετικαί άνακοινώσεις έγένοντο άργά τήν νύκτα, έν συνεχεία δέ οί άρχηγοί τών κομμάτων έδήλωσαν ότι θά άπαντήσουν σήμερον. Ό κ. Βενιζέλος είπεν ότι ή ύπόθεσις πρέπει νά έξετασθή άπό συμβούλιον τιμής καί ότι ούδείς ύπάρχει λόγος άναβολής. Σχετικώς μέ τό ζήτημα αύτό, ένεργούνται έπαφαί μεταξύ τών άρμοδίων καί άναμένεται ότι θά ληφθούν άποφάσεις έντός τής ήμέρας.

ΕΙΣ ΤΟ ΣΥΜΒΟΥΛΙΟΝ Η. Ε.

ΑΘΗΝΑΙ, 20. — Ό πρόεδρος τής κυβερνήσεως έπανέλαβε ότι ή κυβέρνησις θά άπαντήση είς τάς καταγγελίας καί ότι τό θέμα θά τεθή ένώπιον τής Βουλής, κατόπιν τής συνεδριάσεως τού υπουργικού συμβουλίου. Αί σχετικαί άνακοινώσεις έγένοντο άργά τήν νύκτα, έν συνεχεία δέ οί άρχηγοί τών κομμάτων έδήλωσαν ότι θά άπαντήσουν σήμερον. Ό κ. Βενιζέλος είπεν ότι ή ύπόθεσις πρέπει νά έξετασθή άπό συμβούλιον τιμής καί ότι ούδείς ύπάρχει λόγος άναβολής. Σχετικώς μέ τό ζήτημα αύτό, ένεργούνται έπαφαί μεταξύ τών άρμοδίων καί άναμένεται ότι θά ληφθούν άποφάσεις έντός τής ήμέρας.

ΣΥΜΜΟΡΙΑ ΝΕΑΡΩΝ ΕΦΟΝΕΥΣΕ ΔΙΑ ΜΑΧΑΙΡΑΣ 14ΕΤΕΣ ΠΑΙΔΙΟΝ ΠΑΣΧΟΝ ΕΚ ΠΟΛΙΟΜΥΕΛΙΤΙΔΟΣ

ΑΘΗΝΑΙ, 20. — Ό πρόεδρος τής κυβερνήσεως έπανέλαβε ότι ή κυβέρνησις θά άπαντήση είς τάς καταγγελίας καί ότι τό θέμα θά τεθή ένώπιον τής Βουλής, κατόπιν τής συνεδριάσεως τού υπουργικού συμβουλίου. Αί σχετικαί άνακοινώσεις έγένοντο άργά τήν νύκτα, έν συνεχεία δέ οί άρχηγοί τών κομμάτων έδήλωσαν ότι θά άπαντήσουν σήμερον. Ό κ. Βενιζέλος είπεν ότι ή ύπόθεσις πρέπει νά έξετασθή άπό συμβούλιον τιμής καί ότι ούδείς ύπάρχει λόγος άναβολής. Σχετικώς μέ τό ζήτημα αύτό, ένεργούνται έπαφαί μεταξύ τών άρμοδίων καί άναμένεται ότι θά ληφθούν άποφάσεις έντός τής ήμέρας.

Ο ΙΤΑΛΟΣ ΥΦΥΠΟΥΡΓΟΣ ΤΩΝ ΕΞΩΤΕΡΙΚΩΝ ΕΙΣ ΤΟΝ ΚΑΝΑΔΑΝ

ΑΘΗΝΑΙ, 20. — Ό πρόεδρος τής κυβερνήσεως έπανέλαβε ότι ή κυβέρνησις θά άπαντήση είς τάς καταγγελίας καί ότι τό θέμα θά τεθή ένώπιον τής Βουλής, κατόπιν τής συνεδριάσεως τού υπουργικού συμβουλίου. Αί σχετικαί άνακοινώσεις έγένοντο άργά τήν νύκτα, έν συνεχεία δέ οί άρχηγοί τών κομμάτων έδήλωσαν ότι θά άπαντήσουν σήμερον. Ό κ. Βενιζέλος είπεν ότι ή ύπόθεσις πρέπει νά έξετασθή άπό συμβούλιον τιμής καί ότι ούδείς ύπάρχει λόγος άναβολής. Σχετικώς μέ τό ζήτημα αύτό, ένεργούνται έπαφαί μεταξύ τών άρμοδίων καί άναμένεται ότι θά ληφθούν άποφάσεις έντός τής ήμέρας.

Ο ΜΕΝΤΕΡΕΣ ΣΥΝΩΜΙΛΗΣΕ ΜΕ ΤΟΝ ΠΡΕΣΒΕΥΤΗΝ ΤΩΝ ΗΝΩΜ. ΠΟΛΙΤΕΙΩΝ

ΑΘΗΝΑΙ, 20. — Ό πρόεδρος τής κυβερνήσεως έπανέλαβε ότι ή κυβέρνησις θά άπαντήση είς τάς καταγγελίας καί ότι τό θέμα θά τεθή ένώπιον τής Βουλής, κατόπιν τής συνεδριάσεως τού υπουργικού συμβουλίου. Αί σχετικαί άνακοινώσεις έγένοντο άργά τήν νύκτα, έν συνεχεία δέ οί άρχηγοί τών κομμάτων έδήλωσαν ότι θά άπαντήσουν σήμερον. Ό κ. Βενιζέλος είπεν ότι ή ύπόθεσις πρέπει νά έξετασθή άπό συμβούλιον τιμής καί ότι ούδείς ύπάρχει λόγος άναβολής. Σχετικώς μέ τό ζήτημα αύτό, ένεργούνται έπαφαί μεταξύ τών άρμοδίων καί άναμένεται ότι θά ληφθούν άποφάσεις έντός τής ήμέρας.

«ΠΡΑΒΔΑ» ΕΠΙΘΕΣΙΣ ΕΝΑΝΤΙΟΝ ΤΟΥ ΜΑΛΕΝΚΩΦ

ΑΘΗΝΑΙ, 20. — Ό πρόεδρος τής κυβερνήσεως έπανέλαβε ότι ή κυβέρνησις θά άπαντήση είς τάς καταγγελίας καί ότι τό θέμα θά τεθή ένώπιον τής Βουλής, κατόπιν τής συνεδριάσεως τού υπουργικού συμβουλίου. Αί σχετικαί άνακοινώσεις έγένοντο άργά τήν νύκτα, έν συνεχεία δέ οί άρχηγοί τών κομμάτων έδήλωσαν ότι θά άπαντήσουν σήμερον. Ό κ. Βενιζέλος είπεν ότι ή ύπόθεσις πρέπει νά έξετασθή άπό συμβούλιον τιμής καί ότι ούδείς ύπάρχει λόγος άναβολής. Σχετικώς μέ τό ζήτημα αύτό, ένεργούνται έπαφαί μεταξύ τών άρμοδίων καί άναμένεται ότι θά ληφθούν άποφάσεις έντός τής ήμέρας.

ΑΘΗΝΑΙ, 20. — Ό πρόεδρος τής κυβερνήσεως έπανέλαβε ότι ή κυβέρνησις θά άπαντήση είς τάς καταγγελίας καί ότι τό θέμα θά τεθή ένώπιον τής Βουλής, κατόπιν τής συνεδριάσεως τού υπουργικού συμβουλίου. Αί σχετικαί άνακοινώσεις έγένοντο άργά τήν νύκτα, έν συνεχεία δέ οί άρχηγοί τών κομμάτων έδήλωσαν ότι θά άπαντήσουν σήμερον. Ό κ. Βενιζέλος είπεν ότι ή ύπόθεσις πρέπει νά έξετασθή άπό συμβούλιον τιμής καί ότι ούδείς ύπάρχει λόγος άναβολής. Σχετικώς μέ τό ζήτημα αύτό, ένεργούνται έπαφαί μεταξύ τών άρμοδίων καί άναμένεται ότι θά ληφθούν άποφάσεις έντός τής ήμέρας.

ΠΡΟΣΕΦΥΓΟΝ

ΑΘΗΝΑΙ, 20. — Ό πρόεδρος τής κυβερνήσεως έπανέλαβε ότι ή κυβέρνησις θά άπαντήση είς τάς καταγγελίας καί ότι τό θέμα θά τεθή ένώπιον τής Βουλής, κατόπιν τής συνεδριάσεως τού υπουργικού συμβουλίου. Αί σχετικαί άνακοινώσεις έγένοντο άργά τήν νύκτα, έν συνεχεία δέ οί άρχηγοί τών κομμάτων έδήλωσαν ότι θά άπαντήσουν σήμερον. Ό κ. Βενιζέλος είπεν ότι ή ύπόθεσις πρέπει νά έξετασθή άπό συμβούλιον τιμής καί ότι ούδείς ύπάρχει λόγος άναβολής. Σχετικώς μέ τό ζήτημα αύτό, ένεργούνται έπαφαί μεταξύ τών άρμοδίων καί άναμένεται ότι θά ληφθούν άποφάσεις έντός τής ήμέρας.

ΕΚΚΛΗΣΙΣ ΤΗΣ ΡΩΣΣΙΑΣ

ΑΘΗΝΑΙ, 20. — Ό πρόεδρος τής κυβερνήσεως έπανέλαβε ότι ή κυβέρνησις θά άπαντήση είς τάς καταγγελίας καί ότι τό θέμα θά τεθή ένώπιον τής Βουλής, κατόπιν τής συνεδριάσεως τού υπουργικού συμβουλίου. Αί σχετικαί άνακοινώσεις έγένοντο άργά τήν νύκτα, έν συνεχεία δέ οί άρχηγοί τών κομμάτων έδήλωσαν ότι θά άπαντήσουν σήμερον. Ό κ. Βενιζέλος είπεν ότι ή ύπόθεσις πρέπει νά έξετασθή άπό συμβούλιον τιμής καί ότι ούδείς ύπάρχει λόγος άναβολής. Σχετικώς μέ τό ζήτημα αύτό, ένεργούνται έπαφαί μεταξύ τών άρμοδίων καί άναμένεται ότι θά ληφθούν άποφάσεις έντός τής ήμέρας.

ΕΠΕΚΗΡΥΧΘΗΣΑΝ

ΑΘΗΝΑΙ, 20. — Ό πρόεδρος τής κυβερνήσεως έπανέλαβε ότι ή κυβέρνησις θά άπαντήση είς τάς καταγγελίας καί ότι τό θέμα θά τεθή ένώπιον τής Βουλής, κατόπιν τής συνεδριάσεως τού υπουργικού συμβουλίου. Αί σχετικαί άνακοινώσεις έγένοντο άργά τήν νύκτα, έν συνεχεία δέ οί άρχηγοί τών κομμάτων έδήλωσαν ότι θά άπαντήσουν σήμερον. Ό κ. Βενιζέλος είπεν ότι ή ύπόθεσις πρέπει νά έξετασθή άπό συμβούλιον τιμής καί ότι ούδείς ύπάρχει λόγος άναβολής. Σχετικώς μέ τό ζήτημα αύτό, ένεργούνται έπαφαί μεταξύ τών άρμοδίων καί άναμένεται ότι θά ληφθούν άποφάσεις έντός τής ήμέρας.

ΤΑ ΠΕΡΙ ΠΡΟΤΑΣΕΩΝ

ΑΘΗΝΑΙ, 20. — Ό πρόεδρος τής κυβερνήσεως έπανέλαβε ότι ή κυβέρνησις θά άπαντήση είς τάς καταγγελίας καί ότι τό θέμα θά τεθή ένώπιον τής Βουλής, κατόπιν τής συνεδριάσεως τού υπουργικού συμβουλίου. Αί σχετικαί άνακοινώσεις έγένοντο άργά τήν νύκτα, έν συνεχεία δέ οί άρχηγοί τών κομμάτων έδήλωσαν ότι θά άπαντήσουν σήμερον. Ό κ. Βενιζέλος είπεν ότι ή ύπόθεσις πρέπει νά έξετασθή άπό συμβούλιον τιμής καί ότι ούδείς ύπάρχει λόγος άναβολής. Σχετικώς μέ τό ζήτημα αύτό, ένεργούνται έπαφαί μεταξύ τών άρμοδίων καί άναμένεται ότι θά ληφθούν άποφάσεις έντός τής ήμέρας.

ΑΘΗΝΑΙ, 20. — Ό πρόεδρος τής κυβερνήσεως έπανέλαβε ότι ή κυβέρνησις θά άπαντήση είς τάς καταγγελίας καί ότι τό θέμα θά τεθή ένώπιον τής Βουλής, κατόπιν τής συνεδριάσεως τού υπουργικού συμβουλίου. Αί σχετικαί άνακοινώσεις έγένοντο άργά τήν νύκτα, έν συνεχεία δέ οί άρχηγοί τών κομμάτων έδήλωσαν ότι θά άπαντήσουν σήμερον. Ό κ. Βενιζέλος είπεν ότι ή ύπόθεσις πρέπει νά έξετασθή άπό συμβούλιον τιμής καί ότι ούδείς ύπάρχει λόγος άναβολής. Σχετικώς μέ τό ζήτημα αύτό, ένεργούνται έπαφαί μεταξύ τών άρμοδίων καί άναμένεται ότι θά ληφθούν άποφάσεις έντός τής ήμέρας.

Η ΑΓΓΛΙΚΗ ΑΠΑΝΤΗΣΙΣ

ΑΘΗΝΑΙ, 20. — Ό πρόεδρος τής κυβερνήσεως έπανέλαβε ότι ή κυβέρνησις θά άπαντήση είς τάς καταγγελίας καί ότι τό θέμα θά τεθή ένώπιον τής Βουλής, κατόπιν τής συνεδριάσεως τού υπουργικού συμβουλίου. Αί σχετικαί άνακοινώσεις έγένοντο άργά τήν νύκτα, έν συνεχεία δέ οί άρχηγοί τών κομμάτων έδήλωσαν ότι θά άπαντήσουν σήμερον. Ό κ. Βενιζέλος είπεν ότι ή ύπόθεσις πρέπει νά έξετασθή άπό συμβούλιον τιμής καί ότι ούδείς ύπάρχει λόγος άναβολής. Σχετικώς μέ τό ζήτημα αύτό, ένεργούνται έπαφαί μεταξύ τών άρμοδίων καί άναμένεται ότι θά ληφθούν άποφάσεις έντός τής ήμέρας.

Ο ΑΝΤΙΠΡΟΕΔΡΟΣ ΤΗΣ ΑΝΑΤ. ΓΕΡΜΑΝΙΑΣ ΔΕΧΘΗ ΟΜΑΔΑ ΕΛΛΗΝΩΝ ΒΟΥΛΕΥΤΩΝ

ΑΘΗΝΑΙ, 20. — Ό πρόεδρος τής κυβερνήσεως έπανέλαβε ότι ή κυβέρνησις θά άπαντήση είς τάς καταγγελίας καί ότι τό θέμα θά τεθή ένώπιον τής Βουλής, κατόπιν τής συνεδριάσεως τού υπουργικού συμβουλίου. Αί σχετικαί άνακοινώσεις έγένοντο άργά τήν νύκτα, έν συνεχεία δέ οί άρχηγοί τών κομμάτων έδήλωσαν ότι θά άπαντήσουν σήμερον. Ό κ. Βενιζέλος είπεν ότι ή ύπόθεσις πρέπει νά έξετασθή άπό συμβούλιον τιμής καί ότι ούδείς ύπάρχει λόγος άναβολής. Σχετικώς μέ τό ζήτημα αύτό, ένεργούνται έπαφαί μεταξύ τών άρμοδίων καί άναμένεται ότι θά ληφθούν άποφάσεις έντός τής ήμέρας.

ΔΕΝ ΕΧΕΙ ΠΥΡΑΥΛΟΥΣ Η ΡΩΣΙΑ ΔΙ' ΕΚΤΟΞΕΥΣΙΝ ΤΕΧΝΗΤΩΝ ΔΟΡΥΦΟΡΩΝ

ΑΘΗΝΑΙ, 20. — Ό πρόεδρος τής κυβερνήσεως έπανέλαβε ότι ή κυβέρνησις θά άπαντήση είς τάς καταγγελίας καί ότι τό θέμα θά τεθή ένώπιον τής Βουλής, κατόπιν τής συνεδριάσεως τού υπουργικού συμβουλίου. Αί σχετικαί άνακοινώσεις έγένοντο άργά τήν νύκτα, έν συνεχεία δέ οί άρχηγοί τών κομμάτων έδήλωσαν ότι θά άπαντήσουν σήμερον. Ό κ. Βενιζέλος είπεν ότι ή ύπόθεσις πρέπει νά έξετασθή άπό συμβούλιον τιμής καί ότι ούδείς ύπάρχει λόγος άναβολής. Σχετικώς μέ τό ζήτημα αύτό, ένεργούνται έπαφαί μεταξύ τών άρμοδίων καί άναμένεται ότι θά ληφθούν άποφάσεις έντός τής ήμέρας.

ΙΤΑΛΟΣ ΝΑΥΑΡΧΟΣ ΑΝΗΡΠΑΓΗ ΑΠΟ ΤΑ ΚΥΜΑΤΑ

ΑΘΗΝΑΙ, 20. — Ό πρόεδρος τής κυβερνήσεως έπανέλαβε ότι ή κυβέρνησις θά άπαντήση είς τάς καταγγελίας καί ότι τό θέμα θά τεθή ένώπιον τής Βουλής, κατόπιν τής συνεδριάσεως τού υπουργικού συμβουλίου. Αί σχετικαί άνακοινώσεις έγένοντο άργά τήν νύκτα, έν συνεχεία δέ οί άρχηγοί τών κομμάτων έδήλωσαν ότι θά άπαντήσουν σήμερον. Ό κ. Βενιζέλος είπεν ότι ή ύπόθεσις πρέπει νά έξετασθή άπό συμβούλιον τιμής καί ότι ούδείς ύπάρχει λόγος άναβολής. Σχετικώς μέ τό ζήτημα αύτό, ένεργούνται έπαφαί μεταξύ τών άρμοδίων καί άναμένεται ότι θά ληφθούν άποφάσεις έντός τής ήμέρας.

ΑΝΕΒΛΗΘΗ Η ΣΗΜΕΡΙΝΗ 13Η ΑΤΟΜΙΚΗ ΔΟΚΙΜΗ ΤΗΣ ΝΕΒΑΔΑΣ

ΑΘΗΝΑΙ, 20. — Ό πρόεδρος τής κυβερνήσεως έπανέλαβε ότι ή κυβέρνησις θά άπαντήση είς τάς καταγγελίας καί ότι τό θέμα θά τεθή ένώπιον τής Βουλής, κατόπιν τής συνεδριάσεως τού υπουργικού συμβουλίου. Αί σχετικαί άνακοινώσεις έγένοντο άργά τήν νύκτα, έν συνεχεία δέ οί άρχηγοί τών κομμάτων έδήλωσαν ότι θά άπαντήσουν σήμερον. Ό κ. Βενιζέλος είπεν ότι ή ύπόθεσις πρέπει νά έξετασθή άπό συμβούλιον τιμής καί ότι ούδείς ύπάρχει λόγος άναβολής. Σχετικώς μέ τό ζήτημα αύτό, ένεργούνται έπαφαί μεταξύ τών άρμοδίων καί άναμένεται ότι θά ληφθούν άποφάσεις έντός τής ήμέρας.

ΗΥΞΗΘΗ Ο ΑΡΙΘΜΟΣ ΤΩΝ ΕΙΣ ΤΗΝ ΑΜΕΡΙΚΗΝ ΠΩΛΟΥΜΕΝΩΝ ΕΥΡΩΠΑ-Ι-ΚΩΝ ΑΥΤΟΚΙΝΗΤΩΝ

ΑΘΗΝΑΙ, 20. — Ό πρόεδρος τής κυβερνήσεως έπανέλαβε ότι ή κυβέρνησις θά άπαντήση είς τάς καταγγελίας καί ότι τό θέμα θά τεθή ένώπιον τής Βουλής, κατόπιν τής συνεδριάσεως τού υπουργικού συμβουλίου. Αί σχετικαί άνακοινώσεις έγένοντο άργά τήν νύκτα, έν συνεχεία δέ οί άρχηγοί τών κομμάτων έδήλωσαν ότι θά άπαντήσουν σήμερον. Ό κ. Βενιζέλος είπεν ότι ή ύπόθεσις πρέπει νά έξετασθή άπό συμβούλιον τιμής καί ότι ούδείς ύπάρχει λόγος άναβολής. Σχετικώς μέ τό ζήτημα αύτό, ένεργούνται έπαφαί μεταξύ τών άρμοδίων καί άναμένεται ότι θά ληφθούν άποφάσεις έντός τής ήμέρας.

ΑΘΗΝΑΙ, 20. — Ό πρόεδρος τής κυβερνήσεως έπανέλαβε ότι ή κυβέρνησις θά άπαντήση είς τάς καταγγελίας καί ότι τό θέμα θά τεθή ένώπιον τής Βουλής, κατόπιν τής συνεδριάσεως τού υπουργικού συμβουλίου. Αί σχετικαί άνακοινώσεις έγένοντο άργά τήν νύκτα, έν συνεχεία δέ οί άρχηγοί τών κομμάτων έδήλωσαν ότι θά άπαντήσουν σήμερον. Ό κ. Βενιζέλος είπεν ότι ή ύπόθεσις πρέπει νά έξετασθή άπό συμβούλιον τιμής καί ότι ούδείς ύπάρχει λόγος άναβολής. Σχετικώς μέ τό ζήτημα αύτό, ένεργούνται έπαφαί μεταξύ τών άρμοδίων καί άναμένεται ότι θά ληφθούν άποφάσεις έντός τής ήμέρας.

ΜΙΚΡΑΙ ΕΞΩΤΕΡΙΚΑΙ ΕΙΔΗΣΕΙΣ
Η ΓΕΡΟΥΣΙΑ ΤΩΝ ΗΝΩΜΕΝΩΝ

ΑΘΗΝΑΙ, 20. — Ό πρόεδρος τής κυβερνήσεως έπανέλαβε ότι ή κυβέρνησις θά άπαντήση είς τάς καταγγελίας καί ότι τό θέμα θά τεθή ένώπιον τής Βουλής, κατόπιν τής συνεδριάσεως τού υπουργικού συμβουλίου. Αί σχετικαί άνακοινώσεις έγένοντο άργά τήν νύκτα, έν συνεχεία δέ οί άρχηγοί τών κομμάτων έδήλωσαν ότι θά άπαντήσουν σήμερον. Ό κ. Βενιζέλος είπεν ότι ή ύπόθεσις πρέπει νά έξετασθή άπό συμβούλιον τιμής καί ότι ούδείς ύπάρχει λόγος άναβολής. Σχετικώς μέ τό ζήτημα αύτό, ένεργούνται έπαφαί μεταξύ τών άρμοδίων καί άναμένεται ότι θά ληφθούν άποφάσεις έντός τής ήμέρας.

ΤΟ ΑΜΕΡΙΚΑΝΙΚΟΝ

ΑΘΗΝΑΙ, 20. — Ό πρόεδρος τής κυβερνήσεως έπανέλαβε ότι ή κυβέρνησις θά άπαντήση είς τάς καταγγελίας καί ότι τό θέμα θά τεθή ένώπιον τής Βουλής, κατόπιν τής συνεδριάσεως τού υπουργικού συμβουλίου. Αί σχετικαί άνακοινώσεις έγένοντο άργά τήν νύκτα, έν συνεχεία δέ οί άρχηγοί τών κομμάτων έδήλωσαν ότι θά άπαντήσουν σήμερον. Ό κ. Βενιζέλος είπεν ότι ή ύπόθεσις πρέπει νά έξετασθή άπό συμβούλιον τιμής καί ότι ούδείς ύπάρχει λόγος άναβολής. Σχετικώς μέ τό ζήτημα αύτό, ένεργούνται έπαφαί μεταξύ τών άρμοδίων καί άναμένεται ότι θά ληφθούν άποφάσεις έντός τής ήμέρας.

ΑΝΑΤΟΛΙΚΗΣ ΤΗΣ ΓΑΖΗΣ

ΑΘΗΝΑΙ, 20. — Ό πρόεδρος τής κυβερνήσεως έπανέλαβε ότι ή κυβέρνησις θά άπαντήση είς τάς καταγγελίας καί ότι τό θέμα θά τεθή ένώπιον τής Βουλής, κατόπιν τής συνεδριάσεως τού υπουργικού συμβουλίου. Αί σχετικαί άνακοινώσεις έγένοντο άργά τήν νύκτα, έν συνεχεία δέ οί άρχηγοί τών κομμάτων έδήλωσαν ότι θά άπαντήσουν σήμερον. Ό κ. Βενιζέλος είπεν ότι ή ύπόθεσις πρέπει νά έξετασθή άπό συμβούλιον τιμής καί ότι ούδείς ύπάρχει λόγος άναβολής. Σχετικώς μέ τό ζήτημα αύτό, ένεργούνται έπαφαί μεταξύ τών άρμοδίων καί άναμένεται ότι θά ληφθούν άποφάσεις έντός τής ήμέρας.

ΕΙΣ ΤΟ ΜΙΚΡΟΝ ΤΟΥ

ΑΘΗΝΑΙ, 20. — Ό πρόεδρος τής κυβερνήσεως έπανέλαβε ότι ή κυβέρνησις θά άπαντήση είς τάς καταγγελίας καί ότι τό θέμα θά τεθή ένώπιον τής Βουλής, κατόπιν τής συνεδριάσεως τού υπουργικού συμβουλίου. Αί σχετικαί άνακοινώσεις έγένοντο άργά τήν νύκτα, έν συνεχεία δέ οί άρχηγοί τών κομμάτων έδήλωσαν ότι θά άπαντήσουν σήμερον. Ό κ. Βενιζέλος είπεν ότι ή ύπόθεσις πρέπει νά έξετασθή άπό συμβούλιον τιμής καί ότι ούδείς ύπάρχει λόγος άναβολής. Σχετικώς μέ τό ζήτημα αύτό, ένεργούνται έπαφαί μεταξύ τών άρμοδίων καί άναμένεται ότι θά ληφθούν άποφάσεις έντός τής ήμέρας.

ΜΑΚΕΔΟΝΙΑ
Η ΠΕΚΑ ΚΑΤΑΓΓΕΛΛΕΙ ΟΤΙ ΕΞΑΚΟΛΟΥΘΕΙ Η ΑΠΟΣΤΟΛΗ ΟΠΛΩΝ ΕΚ ΤΗΣ ΤΟΥΡΚΙΑΣ
ΑΝΕΥΡΕΘΗΣΑΝ ΕΙΣ ΑΜΜΟΧΩΣΤΟΝ ΟΒΙΔΕΣ

ΑΘΗΝΑΙ, 20. — Ό πρόεδρος τής κυβερνήσεως έπανέλαβε ότι ή κυβέρνησις θά άπαντήση είς τάς καταγγελίας καί ότι τό θέμα θά τεθή ένώπιον τής Βουλής, κατόπιν τής συνεδριάσεως τού υπουργικού συμβουλίου. Αί σχετικαί άνακοινώσεις έγένοντο άργά τήν νύκτα, έν συνεχεία δέ οί άρχηγοί τών κομμάτων έδήλωσαν ότι θά άπαντήσουν σήμερον. Ό κ. Βενιζέλος είπεν ότι ή ύπόθεσις πρέπει νά έξετασθή άπό συμβούλιον τιμής καί ότι ούδείς ύπάρχει λόγος άναβολής. Σχετικώς μέ τό ζήτημα αύτό, ένεργούνται έπαφαί μεταξύ τών άρμοδίων καί άναμένεται ότι θά ληφθούν άποφάσεις έντός τής ήμέρας.

ΑΘΗΝΑΙ, 20. — Ό πρόεδρος τής κυβερνήσεως έπανέλαβε ότι ή κυβέρνησις θά άπαντήση είς τάς καταγγελίας καί ότι τό θέμα θά τεθή ένώπιον τής Βουλής, κατόπιν τής συνεδριάσεως τού υπουργικού συμβουλίου. Αί σχετικαί άνακοινώσεις έγένοντο άργά τήν νύκτα, έν συνεχεία δέ οί άρχηγοί τών κομμάτων έδήλωσαν ότι θά άπαντήσουν σήμερον. Ό κ. Βενιζέλος είπεν ότι ή ύπόθεσις πρέπει νά έξετασθή άπό συμβούλιον τιμής καί ότι ούδείς ύπάρχει λόγος άναβολής. Σχετικώς μέ τό ζήτημα αύτό, ένεργούνται έπαφαί μεταξύ τών άρμοδίων καί άναμένεται ότι θά ληφθούν άποφάσεις έντός τής ήμέρας.

ΚΑΤΑΔΙΚΗ ΜΑΘΗΤΟΥ

ΑΘΗΝΑΙ, 20. — Ό πρόεδρος τής κυβερνήσεως έπανέλαβε ότι ή κυβέρνησις θά άπαντήση είς τάς καταγγελίας καί ότι τό θέμα θά τεθή ένώπιον τής Βουλής, κατόπιν τής συνεδριάσεως τού υπουργικού συμβουλίου. Αί σχετικαί άνακοινώσεις έγένοντο άργά τήν νύκτα, έν συνεχεία δέ οί άρχηγοί τών κομμάτων έδήλωσαν ότι θά άπαντήσουν σήμερον. Ό κ. Βενιζέλος είπεν ότι ή ύπόθεσις πρέπει νά έξετασθή άπό συμβούλιον τιμής καί ότι ούδείς ύπάρχει λόγος άναβολής. Σχετικώς μέ τό ζήτημα αύτό, ένεργούνται έπαφαί μεταξύ τών άρμοδίων καί άναμένεται ότι θά ληφθούν άποφάσεις έντός τής ήμέρας.

ΠΥΡΚΑ-Ι-Α ΕΙΣ ΔΑΣΟΣ

ΑΘΗΝΑΙ, 20. — Ό πρόεδρος τής κυβερνήσεως έπανέλαβε ότι ή κυβέρνησις θά άπαντήση είς τάς καταγγελίας καί ότι τό θέμα θά τεθή ένώπιον τής Βουλής, κατόπιν τής συνεδριάσεως τού υπουργικού συμβουλίου. Αί σχετικαί άνακοινώσεις έγένοντο άργά τήν νύκτα, έν συνεχεία δέ οί άρχηγοί τών κομμάτων έδήλωσαν ότι θά άπαντήσουν σήμερον. Ό κ. Βενιζέλος είπεν ότι ή ύπόθεσις πρέπει νά έξετασθή άπό συμβούλιον τιμής καί ότι ούδείς ύπάρχει λόγος άναβολής. Σχετικώς μέ τό ζήτημα αύτό, ένεργούνται έπαφαί μεταξύ τών άρμοδίων καί άναμένεται ότι θά ληφθούν άποφάσεις έντός τής ήμέρας.

ΘΑ ΣΥΝΕΧΙΣΘΗ Η ΚΡΑΤΗΣΙΣ ΤΩΝ
ΕΙΣ ΤΟ ΠΕΤΡΕΛΑΙΟΦΟΡΟΝ ΤΟΥ ΝΙΑΡΧΟΥ ΚΑΤΕΣΒΕΣΘΗ ΜΕΝ Η ΠΥΡΚΑ-Ι-Α ΑΛΛ' ΕΙΣΡΕΟΥΝ ΕΠΙΚΙΝΔΥΝΩΣ ΥΔΑΤΑ

ΑΘΗΝΑΙ, 20. — Ό πρόεδρος τής κυβερνήσεως έπανέλαβε ότι ή κυβέρνησις θά άπαντήση είς τάς καταγγελίας καί ότι τό θέμα θά τεθή ένώπιον τής Βουλής, κατόπιν τής συνεδριάσεως τού υπουργικού συμβουλίου. Αί σχετικαί άνακοινώσεις έγένοντο άργά τήν νύκτα, έν συνεχεία δέ οί άρχηγοί τών κομμάτων έδήλωσαν ότι θά άπαντήσουν σήμερον. Ό κ. Βενιζέλος είπεν ότι ή ύπόθεσις πρέπει νά έξετασθή άπό συμβούλιον τιμής καί ότι ούδείς ύπάρχει λόγος άναβολής. Σχετικώς μέ τό ζήτημα αύτό, ένεργούνται έπαφαί μεταξύ τών άρμοδίων καί άναμένεται ότι θά ληφθούν άποφάσεις έντός τής ήμέρας.

ΑΘΗΝΑΙ, 20. — Ό πρόεδρος τής κυβερνήσεως έπανέλαβε ότι ή κυβέρνησις θά άπαντήση είς τάς καταγγελίας καί ότι τό θέμα θά τεθή ένώπιον τής Βουλής, κατόπιν τής συνεδριάσεως τού υπουργικού συμβουλίου. Αί σχετικαί άνακοινώσεις έγένοντο άργά τήν νύκτα, έν συνεχεία δέ οί άρχηγοί τών κομμάτων έδήλωσαν ότι θά άπαντήσουν σήμερον. Ό κ. Βενιζέλος είπεν ότι ή ύπόθεσις πρέπει νά έξετασθή άπό συμβούλιον τιμής καί ότι ούδείς ύπάρχει λόγος άναβολής. Σχετικώς μέ τό ζήτημα αύτό, ένεργούνται έπαφαί μεταξύ τών άρμοδίων καί άναμένεται ότι θά ληφθούν άποφάσεις έντός τής ήμέρας.

ΤΟ ΣΗΜΑ ΚΙΝΔΥΝΟΥ

ΑΘΗΝΑΙ, 20. — Ό πρόεδρος τής κυβερνήσεως έπανέλαβε ότι ή κυβέρνησις θά άπαντήση είς τάς καταγγελίας καί ότι τό θέμα θά τεθή ένώπιον τής Βουλής, κατόπιν τής συνεδριάσεως τού υπουργικού συμβουλίου. Αί σχετικαί άνακοινώσεις έγένοντο άργά τήν νύκτα, έν συνεχεία δέ οί άρχηγοί τών κομμάτων έδήλωσαν ότι θά άπαντήσουν σήμερον. Ό κ. Βενιζέλος είπεν ότι ή ύπόθεσις πρέπει νά έξετασθή άπό συμβούλιον τιμής καί ότι ούδείς ύπάρχει λόγος άναβολής. Σχετικώς μέ τό ζήτημα αύτό, ένεργούνται έπαφαί μεταξύ τών άρμοδίων καί άναμένεται ότι θά ληφθούν άποφάσεις έντός τής ήμέρας.

ΠΟΤΕ ΕΓΙΝΕΝ Η ΕΚΡΗΞΙΣ

ΑΘΗΝΑΙ, 20. — Ό πρόεδρος τής κυβερνήσεως έπανέλαβε ότι ή κυβέρνησις θά άπαντήση είς τάς καταγγελίας καί ότι τό θέμα θά τεθή ένώπιον τής Βουλής, κατόπιν τής συνεδριάσεως τού υπουργικού συμβουλίου. Αί σχετικαί άνακοινώσεις έγένοντο άργά τήν νύκτα, έν συνεχεία δέ οί άρχηγοί τών κομμάτων έδήλωσαν ότι θά άπαντήσουν σήμερον. Ό κ. Βενιζέλος είπεν ότι ή ύπόθεσις πρέπει νά έξετασθή άπό συμβούλιον τιμής καί ότι ούδείς ύπάρχει λόγος άναβολής. Σχετικώς μέ τό ζήτημα αύτό, ένεργούνται έπαφαί μεταξύ τών άρμοδίων καί άναμένεται ότι θά ληφθούν άποφάσεις έντός τής ήμέρας.

Ο ΒΑΣΙΛΕΥΣ ΤΟΥ ΜΑΡΟΚΟΥ ΘΑ ΘΕΣΗ ΤΕΡΜΑ ΕΙΣ ΤΗΝ ΠΕΡΙΠΛΟΚΟΝ ΚΑΤΑΣΤΑΣΙΝ ΤΗΣ ΥΠΟ ΙΣΠΑΝΙΚΟΝ ΕΛΕΓΧΟΝ ΖΩΝΗΣ ΙΦΝΙ

ΑΘΗΝΑΙ, 20. — Ό πρόεδρος τής κυβερνήσεως έπανέλαβε ότι ή κυβέρνησις θά άπαντήση είς τάς καταγγελίας καί ότι τό θέμα θά τεθή ένώπιον τής Βουλής, κατόπιν τής συνεδριάσεως τού υπουργικού συμβουλίου. Αί σχετικαί άνακοινώσεις έγένοντο άργά τήν νύκτα, έν συνεχεία δέ οί άρχηγοί τών κομμάτων έδήλωσαν ότι θά άπαντήσουν σήμερον. Ό κ. Βενιζέλος είπεν ότι ή ύπόθεσις πρέπει νά έξετασθή άπό συμβούλιον τιμής καί ότι ούδείς ύπάρχει λόγος άναβολής. Σχετικώς μέ τό ζήτημα αύτό, ένεργούνται έπαφαί μεταξύ τών άρμοδίων καί άναμένεται ότι θά ληφθούν άποφάσεις έντός τής ήμέρας.

ΑΘΗΝΑΙ, 20. — Ό πρόεδρος τής κυβερνήσεως έπανέλαβε ότι ή κυβέρνησις θά άπαντήση είς τάς καταγγελίας καί ότι τό θέμα θά τεθή ένώπιον τής Βουλής, κατόπιν τής συνεδριάσεως τού υπουργικού συμβουλίου. Αί σχετικαί άνακοινώσεις έγένοντο άργά τήν νύκτα, έν συνεχεία δέ οί άρχηγοί τών κομμάτων έδήλωσαν ότι θά άπαντήσουν σήμερον. Ό κ. Βενιζέλος είπεν ότι ή ύπόθεσις πρέπει νά έξετασθή άπό συμβούλιον τιμής καί ότι ούδείς ύπάρχει λόγος άναβολής. Σχετικώς μέ τό ζήτημα αύτό, ένεργούνται έπαφαί μεταξύ τών άρμοδίων καί άναμένεται ότι θά ληφθούν άποφάσεις έντός τής ήμέρας.

ΑΘΗΝΑΙ, 20. — Ό πρόεδρος τής κυβερνήσεως έπανέλαβε ότι ή κυβέρνησις θά άπαντήση είς τάς καταγγελίας καί ότι τό θέμα θά τεθή ένώπιον τής Βουλής, κατόπιν τής συνεδριάσεως τού υπουργικού συμβουλίου. Αί σχετικαί άνακοινώσεις έγένοντο άργά τήν νύκτα, έν συνεχεία δέ οί άρχηγοί τών κομμάτων έδήλωσαν ότι θά άπαντήσουν σήμερον. Ό κ. Βενιζέλος είπεν ότι ή ύπόθεσις πρέπει νά έξετασθή άπό συμβούλιον τιμής καί ότι ούδείς ύπάρχει λόγος άναβολής. Σχετικώς μέ τό ζήτημα αύτό, ένεργούνται έπαφαί μεταξύ τών άρμοδίων καί άναμένεται ότι θά ληφθούν άποφάσεις έντός τής ήμέρας.

ΑΘΗΝΑΙ, 20. — Ό πρόεδρος τής κυβερνήσεως έπανέλαβε ότι ή κυβέρνησις θά άπαντήση είς τάς καταγγελίας καί ότι τό θέμα θά τεθή ένώπιον τής Βουλής, κατόπιν τής συνεδριάσεως τού υπουργικού συμβουλίου. Αί σχετικαί άνακοινώσεις έγένοντο άργά τήν νύκτα, έν συνεχεία δέ οί άρχηγοί τών κομμάτων έδήλωσαν ότι θά άπαντήσουν σήμερον. Ό κ. Βενιζέλος είπεν ότι ή ύπόθεσις πρέπει νά έξετασθή άπό συμβούλιον τιμής καί ότι ούδείς ύπάρχει λόγος άναβολής. Σχετικώς μέ τό ζήτημα αύτό, ένεργούνται έπαφαί μεταξύ τών άρμοδίων καί άναμένεται ότι θά ληφθούν άποφάσεις έντός τής ήμέρας.

15 ΝΟΣΟΚΟΜΟΙ ΤΟΥ ΕΡΥΘΡΟΥ ΣΤΑΥΡΟΥ ΠΡΟΣΕΒΛΗΘΗΣΑΝ ΤΗΝ ΝΥΚΤΑ ΥΠΟ ΓΡΙΠΠΗΣ
200.000 ΚΡΟΥΣΜΑΤΑ ΕΙΣ ΤΗΝ ΝΕΑΠΟΛΙΝ

ΑΘΗΝΑΙ, 20. — Ό πρόεδρος τής κυβερνήσεως έπανέλαβε ότι ή κυβέρνησις θά άπαντήση είς τάς καταγγελίας καί ότι τό θέμα θά τεθή ένώπιον τής Βουλής, κατόπιν τής συνεδριάσεως τού υπουργικού συμβουλίου. Αί σχετικαί άνακοινώσεις έγένοντο άργά τήν νύκτα, έν συνεχεία δέ οί άρχηγοί τών κομμάτων έδήλωσαν ότι θά άπαντήσουν σήμερον. Ό κ. Βενιζέλος είπεν ότι ή ύπόθεσις πρέπει νά έξετασθή άπό συμβούλιον τιμής καί ότι ούδείς ύπάρχει λόγος άναβολής. Σχετικώς μέ τό ζήτημα αύτό, ένεργούνται έπαφαί μεταξύ τών άρμοδίων καί άναμένεται ότι θά ληφθούν άποφάσεις έντός τής ήμέρας.

ΕΙΣ ΤΗΝ ΑΓΓΛΙΑΝ

ΑΘΗΝΑΙ, 20. — Ό πρόεδρος τής κυβερνήσεως έπανέλαβε ότι ή κυβέρνησις θά άπαντήση είς τάς καταγγελίας καί ότι τό θέμα θά τεθή ένώπιον τής Βουλής, κατόπιν τής συνεδριάσεως τού υπουργικού συμβουλίου. Αί σχετικαί άνακοινώσεις έγένοντο άργά τήν νύκτα, έν συνεχεία δέ οί άρχηγοί τών κομμάτων έδήλωσαν ότι θά άπαντήσουν σήμερον. Ό κ. Βενιζέλος είπεν ότι ή ύπόθεσις πρέπει νά έξετασθή άπό συμβούλιον τιμής καί ότι ούδείς ύπάρχει λόγος άναβολής. Σχετικώς μέ τό ζήτημα αύτό, ένεργούνται έπαφαί μεταξύ τών άρμοδίων καί άναμένεται ότι θά ληφθούν άποφάσεις έντός τής ήμέρας.

ΓΕΩΡΓΙΚΑΙ ΕΙΔΗΣΕΙΣ

ΑΘΗΝΑΙ, 20. — Ό πρόεδρος τής κυβερνήσεως έπανέλαβε ότι ή κυβέρνησις θά άπαντήση είς τάς καταγγελίας καί ότι τό θέμα θά τεθή ένώπιον τής Βουλής, κατόπιν τής συνεδριάσεως τού υπουργικού συμβουλίου. Αί σχετικαί άνακοινώσεις έγένοντο άργά τήν νύκτα, έν συνεχεία δέ οί άρχηγοί τών κομμάτων έδήλωσαν ότι θά άπαντήσουν σήμερον. Ό κ. Βενιζέλος είπεν ότι ή ύπόθεσις πρέπει νά έξετασθή άπό συμβούλιον τιμής καί ότι ούδείς ύπάρχει λόγος άναβολής. Σχετικώς μέ τό ζήτημα αύτό, ένεργούνται έπαφαί μεταξύ τών άρμοδίων καί άναμένεται ότι θά ληφθούν άποφάσεις έντός τής ήμέρας.

ΑΘΗΝΑΙ, 20. — Ό πρόεδρος τής κυβερνήσεως έπανέλαβε ότι ή κυβέρνησις θά άπαντήση είς τάς καταγγελίας καί ότι τό θέμα θά τεθή ένώπιον τής Βουλής, κατόπιν τής συνεδριάσεως τού υπουργικού συμβουλίου. Αί σχετικαί άνακοινώσεις έγένοντο άργά τήν νύκτα, έν συνεχεία δέ οί άρχηγοί τών κομμάτων έδήλωσαν ότι θά άπαντήσουν σήμερον. Ό κ. Βενιζέλος είπεν ότι ή ύπόθεσις πρέπει νά έξετασθή άπό συμβούλιον τιμής καί ότι ούδείς ύπάρχει λόγος άναβολής. Σχετικώς μέ τό ζήτημα αύτό, ένεργούνται έπαφαί μεταξύ τών άρμοδίων καί άναμένεται ότι θά ληφθούν άποφάσεις έντός τής ήμέρας.

ΑΘΗΝΑΙ, 20. — Ό πρόεδρος τής κυβερνήσεως έπανέλαβε ότι ή κυβέρνησις θά άπαντήση είς τάς καταγγελίας καί ότι τό θέμα θά τεθή ένώπιον τής Βουλής, κατόπιν τής συνεδριάσεως τού υπουργικού συμβουλίου. Αί σχετικαί άνακοινώσεις έγένοντο άργά τήν νύκτα, έν συνεχεία δέ οί άρχηγοί τών κομμάτων έδήλωσαν ότι θά άπαντήσουν σήμερον. Ό κ. Βενιζέλος είπεν ότι ή ύπόθεσις πρέπει νά έξετασθή άπό συμβούλιον τιμής καί ότι ούδείς ύπάρχει λόγος άναβολής. Σχετικώς μέ τό ζήτημα αύτό, ένεργούνται έπαφαί μεταξύ τών άρμοδίων καί άναμένεται ότι θά ληφθούν άποφάσεις έντός τής ήμέρας.

ΑΘΗΝΑΙ, 20. — Ό πρόεδρος τής κυβερνήσεως έπανέλαβε ότι ή κυβέρνησις θά άπαντήση είς τάς καταγγελίας καί ότι τό θέμα θά τεθή ένώπιον τής Βουλής, κατόπιν τής συνεδριάσεως τού υπουργικού συμβουλίου. Αί σχετικαί άνακοινώσεις έγένοντο άργά τήν νύκτα, έν συνεχεία δέ οί άρχηγοί τών κομμάτων έδήλωσαν ότι θά άπαντήσουν σήμερον. Ό κ. Βενιζέλος είπεν ότι ή ύπόθεσις πρέπει νά έξετασθή άπό συμβούλιον τιμής καί ότι ούδείς ύπάρχει λόγος άναβολής. Σχετικώς μέ τό ζήτημα αύτό, ένεργούνται έπαφαί μεταξύ τών άρμοδίων καί άναμένεται ότι θά ληφθούν άποφάσεις έντός τής ήμέρας.

ΕΞΑΚΟΛΟΥΘΕΙ Ο ΤΟΥΡΚΙΚΟΣ ΤΥΠΟΣ ΝΑ ΔΗΜΟΣΙΕΥΗ ΑΝΘΕΛΛΗΝΙΚΑΣ ΠΕΡΙ ΤΟΥΡΚΩΝ Δ. ΘΡΑΚΗΣ ΙΣΤΟΡΙΑΣ
Αί ύποδείξεις τής «Χουριέτ»

ΑΘΗΝΑΙ, 20. — Ό πρόεδρος τής κυβερνήσεως έπανέλαβε ότι ή κυβέρνησις θά άπαντήση είς τάς καταγγελίας καί ότι τό θέμα θά τεθή ένώπιον τής Βουλής, κατόπιν τής συνεδριάσεως τού υπουργικού συμβουλίου. Αί σχετικαί άνακοινώσεις έγένοντο άργά τήν νύκτα, έν συνεχεία δέ οί άρχηγοί τών κομμάτων έδήλωσαν ότι θά άπαντήσουν σήμερον. Ό κ. Βενιζέλος είπεν ότι ή ύπόθεσις πρέπει νά έξετασθή άπό συμβούλιον τιμής καί ότι ούδείς ύπάρχει λόγος άναβολής. Σχετικώς μέ τό ζήτημα αύτό, ένεργούνται έπαφαί μεταξύ τών άρμοδίων καί άναμένεται ότι θά ληφθούν άποφάσεις έντός τής ήμέρας.

ΑΙ ΓΑΙΑΙ

ΑΘΗΝΑΙ, 20. — Ό πρόεδρος τής κυβερνήσεως έπανέλαβε ότι ή κυβέρνησις θά άπαντήση είς τάς καταγγελίας καί ότι τό θέμα θά τεθή ένώπιον τής Βουλής, κατόπιν τής συνεδριάσεως τού υπουργικού συμβουλίου. Αί σχετικαί άνακοινώσεις έγένοντο άργά τήν νύκτα, έν συνεχεία δέ οί άρχηγοί τών κομμάτων έδήλωσαν ότι θά άπαντήσουν σήμερον. Ό κ. Βενιζέλος είπεν ότι ή ύπόθεσις πρέπει νά έξετασθή άπό συμβούλιον τιμής καί ότι ούδείς ύπάρχει λόγος άναβολής. Σχετικώς μέ τό ζήτημα αύτό, ένεργούνται έπαφαί μεταξύ τών άρμοδίων καί άναμένεται ότι θά ληφθούν άποφάσεις έντός τής ήμέρας.

ΑΘΗΝΑΙ, 20. — Ό πρόεδρος τής κυβερνήσεως έπανέλαβε ότι ή κυβέρνησις θά άπαντήση είς τάς καταγγελίας καί ότι τό θέμα θά τεθή ένώπιον τής Βουλής, κατόπιν τής συνεδριάσεως τού υπουργικού συμβουλίου. Αί σχετικαί άνακοινώσεις έγένοντο άργά τήν νύκτα, έν συνεχεία δέ οί άρχηγοί τών κομμάτων έδήλωσαν ότι θά άπαντήσουν σήμερον. Ό κ. Βενιζέλος είπεν ότι ή ύπόθεσις πρέπει νά έξετασθή άπό συμβούλιον τιμής καί ότι ούδείς ύπάρχει λόγος άναβολής. Σχετικώς μέ τό ζήτημα αύτό, ένεργούνται έπαφαί μεταξύ τών άρμοδίων καί άναμένεται ότι θά ληφθούν άποφάσεις έντός τής ήμέρας.

Η ΣΥΝΘΗΚΗ ΤΗΣ ΛΩΖΑΝΝΗΣ

ΑΘΗΝΑΙ, 20. — Ό πρόεδρος τής κυβερνήσεως έπανέλαβε ότι ή κυβέρνησις θά άπαντήση είς τάς καταγγελίας καί ότι τό θέμα θά τεθή ένώπιον τής Βουλής, κατόπιν τής συνεδριάσεως τού υπουργικού συμβουλίου. Αί σχετικαί άνακοινώσεις έγένοντο άργά τήν νύκτα, έν συνεχεία δέ οί άρχηγοί τών κομμάτων έδήλωσαν ότι θά άπαντήσουν σήμερον. Ό κ. Βενιζέλος είπεν ότι ή ύπόθεσις πρέπει νά έξετασθή άπό συμβούλιον τιμής καί ότι ούδείς ύπάρχει λόγος άναβολής. Σχετικώς μέ τό ζήτημα αύτό, ένεργούνται έπαφαί μεταξύ τών άρμοδίων καί άναμένεται ότι θά ληφθούν άποφάσεις έντός τής ήμέρας.
